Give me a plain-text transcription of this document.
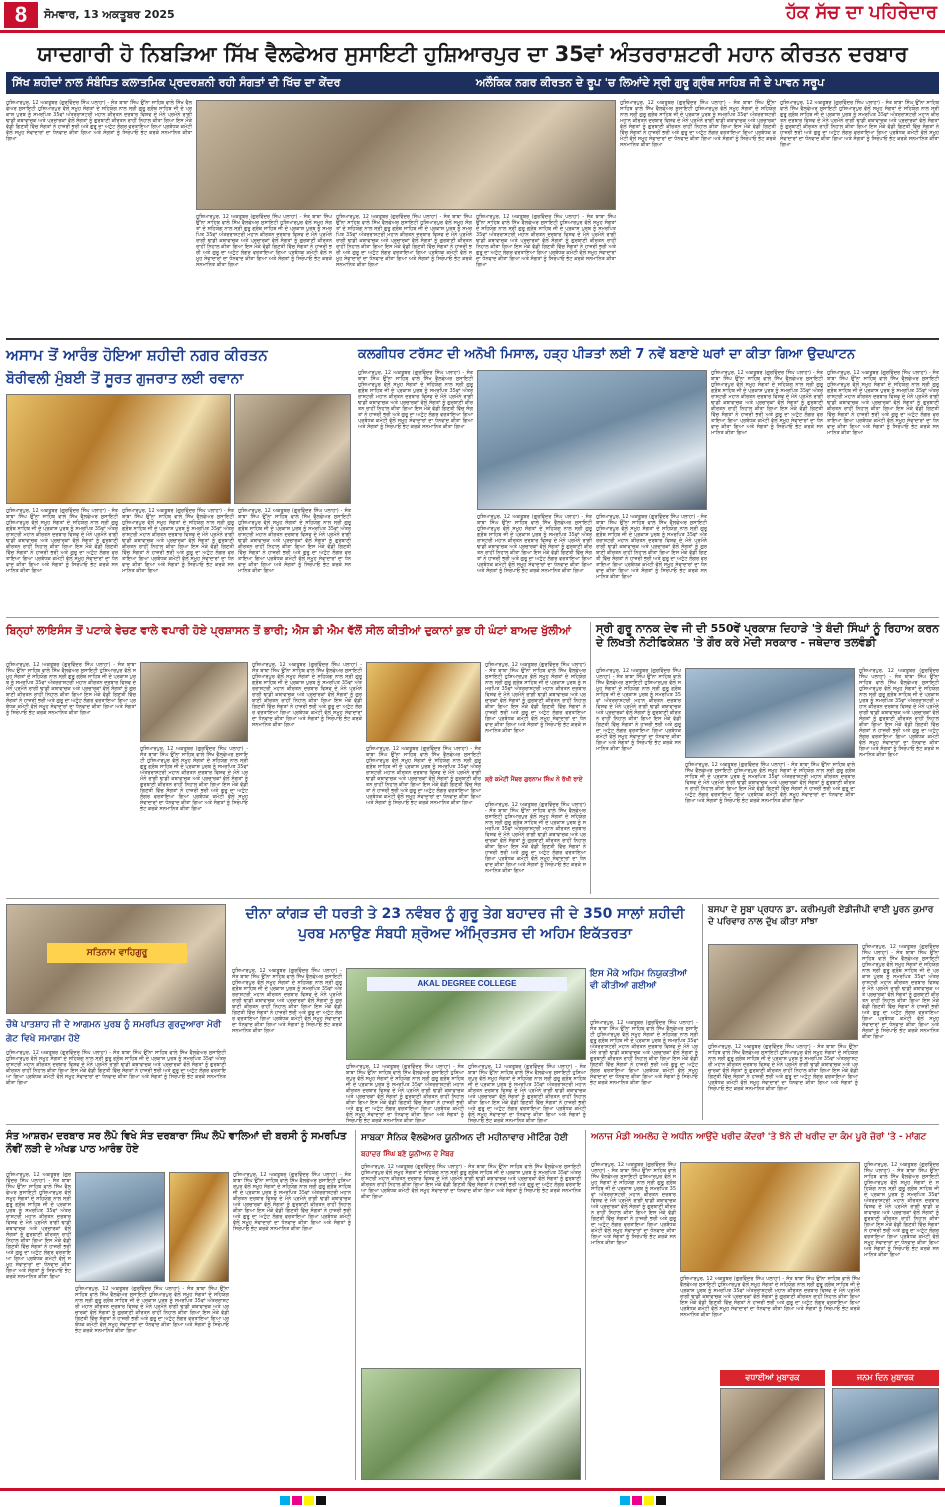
8	ਸੋਮਵਾਰ, 13 ਅਕਤੂਬਰ 2025	ਹੱਕ ਸੱਚ ਦਾ ਪਹਿਰੇਦਾਰ
ਯਾਦਗਾਰੀ ਹੋ ਨਿਬੜਿਆ ਸਿੱਖ ਵੈਲਫੇਅਰ ਸੁਸਾਇਟੀ ਹੁਸ਼ਿਆਰਪੁਰ ਦਾ 35ਵਾਂ ਅੰਤਰਰਾਸ਼ਟਰੀ ਮਹਾਨ ਕੀਰਤਨ ਦਰਬਾਰ
ਸਿੱਖ ਸ਼ਹੀਦਾਂ ਨਾਲ ਸੰਬੰਧਿਤ ਕਲਾਤਮਿਕ ਪ੍ਰਦਰਸ਼ਨੀ ਰਹੀ ਸੰਗਤਾਂ ਦੀ ਖਿੱਚ ਦਾ ਕੇਂਦਰ	ਅਲੌਕਿਕ ਨਗਰ ਕੀਰਤਨ ਦੇ ਰੂਪ 'ਚ ਲਿਆਂਦੇ ਸ੍ਰੀ ਗੁਰੂ ਗ੍ਰੰਥ ਸਾਹਿਬ ਜੀ ਦੇ ਪਾਵਨ ਸਰੂਪ
ਹੁਸ਼ਿਆਰਪੁਰ, 12 ਅਕਤੂਬਰ (ਗੁਰਵਿੰਦਰ ਸਿੰਘ ਪਲਾਹਾ) - ਸੰਤ ਬਾਬਾ ਸਿੰਘ ਉੱਨਾ ਸਾਹਿਬ ਵਾਲੇ ਸਿੱਖ ਵੈਲਫੇਅਰ ਸੁਸਾਇਟੀ ਹੁਸ਼ਿਆਰਪੁਰ ਵੱਲੋਂ ਸਮੂਹ ਸੰਗਤਾਂ ਦੇ ਸਹਿਯੋਗ ਨਾਲ ਸ੍ਰੀ ਗੁਰੂ ਗ੍ਰੰਥ ਸਾਹਿਬ ਜੀ ਦੇ ਪ੍ਰਕਾਸ਼ ਪੁਰਬ ਨੂੰ ਸਮਰਪਿਤ 35ਵਾਂ ਅੰਤਰਰਾਸ਼ਟਰੀ ਮਹਾਨ ਕੀਰਤਨ ਦਰਬਾਰ ਵਿਸ਼ਵ ਦੇ ਮੰਨੇ ਪ੍ਰਮੰਨੇ ਰਾਗੀ ਢਾਡੀ ਕਥਾਵਾਚਕ ਅਤੇ ਪ੍ਰਚਾਰਕਾਂ ਵੱਲੋਂ ਸੰਗਤਾਂ ਨੂੰ ਗੁਰਬਾਣੀ ਕੀਰਤਨ ਰਾਹੀਂ ਨਿਹਾਲ ਕੀਤਾ ਗਿਆ ਇਸ ਮੌਕੇ ਵੱਡੀ ਗਿਣਤੀ ਵਿੱਚ ਸੰਗਤਾਂ ਨੇ ਹਾਜ਼ਰੀ ਭਰੀ ਅਤੇ ਗੁਰੂ ਦਾ ਅਟੁੱਟ ਲੰਗਰ ਵਰਤਾਇਆ ਗਿਆ ਪ੍ਰਬੰਧਕ ਕਮੇਟੀ ਵੱਲੋਂ ਸਮੂਹ ਸੇਵਾਦਾਰਾਂ ਦਾ ਧੰਨਵਾਦ ਕੀਤਾ ਗਿਆ ਅਤੇ ਸੰਗਤਾਂ ਨੂੰ ਸਿਰੋਪਾਓ ਭੇਟ ਕਰਕੇ ਸਨਮਾਨਿਤ ਕੀਤਾ ਗਿਆ
ਹੁਸ਼ਿਆਰਪੁਰ, 12 ਅਕਤੂਬਰ (ਗੁਰਵਿੰਦਰ ਸਿੰਘ ਪਲਾਹਾ) - ਸੰਤ ਬਾਬਾ ਸਿੰਘ ਉੱਨਾ ਸਾਹਿਬ ਵਾਲੇ ਸਿੱਖ ਵੈਲਫੇਅਰ ਸੁਸਾਇਟੀ ਹੁਸ਼ਿਆਰਪੁਰ ਵੱਲੋਂ ਸਮੂਹ ਸੰਗਤਾਂ ਦੇ ਸਹਿਯੋਗ ਨਾਲ ਸ੍ਰੀ ਗੁਰੂ ਗ੍ਰੰਥ ਸਾਹਿਬ ਜੀ ਦੇ ਪ੍ਰਕਾਸ਼ ਪੁਰਬ ਨੂੰ ਸਮਰਪਿਤ 35ਵਾਂ ਅੰਤਰਰਾਸ਼ਟਰੀ ਮਹਾਨ ਕੀਰਤਨ ਦਰਬਾਰ ਵਿਸ਼ਵ ਦੇ ਮੰਨੇ ਪ੍ਰਮੰਨੇ ਰਾਗੀ ਢਾਡੀ ਕਥਾਵਾਚਕ ਅਤੇ ਪ੍ਰਚਾਰਕਾਂ ਵੱਲੋਂ ਸੰਗਤਾਂ ਨੂੰ ਗੁਰਬਾਣੀ ਕੀਰਤਨ ਰਾਹੀਂ ਨਿਹਾਲ ਕੀਤਾ ਗਿਆ ਇਸ ਮੌਕੇ ਵੱਡੀ ਗਿਣਤੀ ਵਿੱਚ ਸੰਗਤਾਂ ਨੇ ਹਾਜ਼ਰੀ ਭਰੀ ਅਤੇ ਗੁਰੂ ਦਾ ਅਟੁੱਟ ਲੰਗਰ ਵਰਤਾਇਆ ਗਿਆ ਪ੍ਰਬੰਧਕ ਕਮੇਟੀ ਵੱਲੋਂ ਸਮੂਹ ਸੇਵਾਦਾਰਾਂ ਦਾ ਧੰਨਵਾਦ ਕੀਤਾ ਗਿਆ ਅਤੇ ਸੰਗਤਾਂ ਨੂੰ ਸਿਰੋਪਾਓ ਭੇਟ ਕਰਕੇ ਸਨਮਾਨਿਤ ਕੀਤਾ ਗਿਆ
ਹੁਸ਼ਿਆਰਪੁਰ, 12 ਅਕਤੂਬਰ (ਗੁਰਵਿੰਦਰ ਸਿੰਘ ਪਲਾਹਾ) - ਸੰਤ ਬਾਬਾ ਸਿੰਘ ਉੱਨਾ ਸਾਹਿਬ ਵਾਲੇ ਸਿੱਖ ਵੈਲਫੇਅਰ ਸੁਸਾਇਟੀ ਹੁਸ਼ਿਆਰਪੁਰ ਵੱਲੋਂ ਸਮੂਹ ਸੰਗਤਾਂ ਦੇ ਸਹਿਯੋਗ ਨਾਲ ਸ੍ਰੀ ਗੁਰੂ ਗ੍ਰੰਥ ਸਾਹਿਬ ਜੀ ਦੇ ਪ੍ਰਕਾਸ਼ ਪੁਰਬ ਨੂੰ ਸਮਰਪਿਤ 35ਵਾਂ ਅੰਤਰਰਾਸ਼ਟਰੀ ਮਹਾਨ ਕੀਰਤਨ ਦਰਬਾਰ ਵਿਸ਼ਵ ਦੇ ਮੰਨੇ ਪ੍ਰਮੰਨੇ ਰਾਗੀ ਢਾਡੀ ਕਥਾਵਾਚਕ ਅਤੇ ਪ੍ਰਚਾਰਕਾਂ ਵੱਲੋਂ ਸੰਗਤਾਂ ਨੂੰ ਗੁਰਬਾਣੀ ਕੀਰਤਨ ਰਾਹੀਂ ਨਿਹਾਲ ਕੀਤਾ ਗਿਆ ਇਸ ਮੌਕੇ ਵੱਡੀ ਗਿਣਤੀ ਵਿੱਚ ਸੰਗਤਾਂ ਨੇ ਹਾਜ਼ਰੀ ਭਰੀ ਅਤੇ ਗੁਰੂ ਦਾ ਅਟੁੱਟ ਲੰਗਰ ਵਰਤਾਇਆ ਗਿਆ ਪ੍ਰਬੰਧਕ ਕਮੇਟੀ ਵੱਲੋਂ ਸਮੂਹ ਸੇਵਾਦਾਰਾਂ ਦਾ ਧੰਨਵਾਦ ਕੀਤਾ ਗਿਆ ਅਤੇ ਸੰਗਤਾਂ ਨੂੰ ਸਿਰੋਪਾਓ ਭੇਟ ਕਰਕੇ ਸਨਮਾਨਿਤ ਕੀਤਾ ਗਿਆ
ਹੁਸ਼ਿਆਰਪੁਰ, 12 ਅਕਤੂਬਰ (ਗੁਰਵਿੰਦਰ ਸਿੰਘ ਪਲਾਹਾ) - ਸੰਤ ਬਾਬਾ ਸਿੰਘ ਉੱਨਾ ਸਾਹਿਬ ਵਾਲੇ ਸਿੱਖ ਵੈਲਫੇਅਰ ਸੁਸਾਇਟੀ ਹੁਸ਼ਿਆਰਪੁਰ ਵੱਲੋਂ ਸਮੂਹ ਸੰਗਤਾਂ ਦੇ ਸਹਿਯੋਗ ਨਾਲ ਸ੍ਰੀ ਗੁਰੂ ਗ੍ਰੰਥ ਸਾਹਿਬ ਜੀ ਦੇ ਪ੍ਰਕਾਸ਼ ਪੁਰਬ ਨੂੰ ਸਮਰਪਿਤ 35ਵਾਂ ਅੰਤਰਰਾਸ਼ਟਰੀ ਮਹਾਨ ਕੀਰਤਨ ਦਰਬਾਰ ਵਿਸ਼ਵ ਦੇ ਮੰਨੇ ਪ੍ਰਮੰਨੇ ਰਾਗੀ ਢਾਡੀ ਕਥਾਵਾਚਕ ਅਤੇ ਪ੍ਰਚਾਰਕਾਂ ਵੱਲੋਂ ਸੰਗਤਾਂ ਨੂੰ ਗੁਰਬਾਣੀ ਕੀਰਤਨ ਰਾਹੀਂ ਨਿਹਾਲ ਕੀਤਾ ਗਿਆ ਇਸ ਮੌਕੇ ਵੱਡੀ ਗਿਣਤੀ ਵਿੱਚ ਸੰਗਤਾਂ ਨੇ ਹਾਜ਼ਰੀ ਭਰੀ ਅਤੇ ਗੁਰੂ ਦਾ ਅਟੁੱਟ ਲੰਗਰ ਵਰਤਾਇਆ ਗਿਆ ਪ੍ਰਬੰਧਕ ਕਮੇਟੀ ਵੱਲੋਂ ਸਮੂਹ ਸੇਵਾਦਾਰਾਂ ਦਾ ਧੰਨਵਾਦ ਕੀਤਾ ਗਿਆ ਅਤੇ ਸੰਗਤਾਂ ਨੂੰ ਸਿਰੋਪਾਓ ਭੇਟ ਕਰਕੇ ਸਨਮਾਨਿਤ ਕੀਤਾ ਗਿਆ
ਹੁਸ਼ਿਆਰਪੁਰ, 12 ਅਕਤੂਬਰ (ਗੁਰਵਿੰਦਰ ਸਿੰਘ ਪਲਾਹਾ) - ਸੰਤ ਬਾਬਾ ਸਿੰਘ ਉੱਨਾ ਸਾਹਿਬ ਵਾਲੇ ਸਿੱਖ ਵੈਲਫੇਅਰ ਸੁਸਾਇਟੀ ਹੁਸ਼ਿਆਰਪੁਰ ਵੱਲੋਂ ਸਮੂਹ ਸੰਗਤਾਂ ਦੇ ਸਹਿਯੋਗ ਨਾਲ ਸ੍ਰੀ ਗੁਰੂ ਗ੍ਰੰਥ ਸਾਹਿਬ ਜੀ ਦੇ ਪ੍ਰਕਾਸ਼ ਪੁਰਬ ਨੂੰ ਸਮਰਪਿਤ 35ਵਾਂ ਅੰਤਰਰਾਸ਼ਟਰੀ ਮਹਾਨ ਕੀਰਤਨ ਦਰਬਾਰ ਵਿਸ਼ਵ ਦੇ ਮੰਨੇ ਪ੍ਰਮੰਨੇ ਰਾਗੀ ਢਾਡੀ ਕਥਾਵਾਚਕ ਅਤੇ ਪ੍ਰਚਾਰਕਾਂ ਵੱਲੋਂ ਸੰਗਤਾਂ ਨੂੰ ਗੁਰਬਾਣੀ ਕੀਰਤਨ ਰਾਹੀਂ ਨਿਹਾਲ ਕੀਤਾ ਗਿਆ ਇਸ ਮੌਕੇ ਵੱਡੀ ਗਿਣਤੀ ਵਿੱਚ ਸੰਗਤਾਂ ਨੇ ਹਾਜ਼ਰੀ ਭਰੀ ਅਤੇ ਗੁਰੂ ਦਾ ਅਟੁੱਟ ਲੰਗਰ ਵਰਤਾਇਆ ਗਿਆ ਪ੍ਰਬੰਧਕ ਕਮੇਟੀ ਵੱਲੋਂ ਸਮੂਹ ਸੇਵਾਦਾਰਾਂ ਦਾ ਧੰਨਵਾਦ ਕੀਤਾ ਗਿਆ ਅਤੇ ਸੰਗਤਾਂ ਨੂੰ ਸਿਰੋਪਾਓ ਭੇਟ ਕਰਕੇ ਸਨਮਾਨਿਤ ਕੀਤਾ ਗਿਆ
ਹੁਸ਼ਿਆਰਪੁਰ, 12 ਅਕਤੂਬਰ (ਗੁਰਵਿੰਦਰ ਸਿੰਘ ਪਲਾਹਾ) - ਸੰਤ ਬਾਬਾ ਸਿੰਘ ਉੱਨਾ ਸਾਹਿਬ ਵਾਲੇ ਸਿੱਖ ਵੈਲਫੇਅਰ ਸੁਸਾਇਟੀ ਹੁਸ਼ਿਆਰਪੁਰ ਵੱਲੋਂ ਸਮੂਹ ਸੰਗਤਾਂ ਦੇ ਸਹਿਯੋਗ ਨਾਲ ਸ੍ਰੀ ਗੁਰੂ ਗ੍ਰੰਥ ਸਾਹਿਬ ਜੀ ਦੇ ਪ੍ਰਕਾਸ਼ ਪੁਰਬ ਨੂੰ ਸਮਰਪਿਤ 35ਵਾਂ ਅੰਤਰਰਾਸ਼ਟਰੀ ਮਹਾਨ ਕੀਰਤਨ ਦਰਬਾਰ ਵਿਸ਼ਵ ਦੇ ਮੰਨੇ ਪ੍ਰਮੰਨੇ ਰਾਗੀ ਢਾਡੀ ਕਥਾਵਾਚਕ ਅਤੇ ਪ੍ਰਚਾਰਕਾਂ ਵੱਲੋਂ ਸੰਗਤਾਂ ਨੂੰ ਗੁਰਬਾਣੀ ਕੀਰਤਨ ਰਾਹੀਂ ਨਿਹਾਲ ਕੀਤਾ ਗਿਆ ਇਸ ਮੌਕੇ ਵੱਡੀ ਗਿਣਤੀ ਵਿੱਚ ਸੰਗਤਾਂ ਨੇ ਹਾਜ਼ਰੀ ਭਰੀ ਅਤੇ ਗੁਰੂ ਦਾ ਅਟੁੱਟ ਲੰਗਰ ਵਰਤਾਇਆ ਗਿਆ ਪ੍ਰਬੰਧਕ ਕਮੇਟੀ ਵੱਲੋਂ ਸਮੂਹ ਸੇਵਾਦਾਰਾਂ ਦਾ ਧੰਨਵਾਦ ਕੀਤਾ ਗਿਆ ਅਤੇ ਸੰਗਤਾਂ ਨੂੰ ਸਿਰੋਪਾਓ ਭੇਟ ਕਰਕੇ ਸਨਮਾਨਿਤ ਕੀਤਾ ਗਿਆ
ਅਸਾਮ ਤੋਂ ਆਰੰਭ ਹੋਇਆ ਸ਼ਹੀਦੀ ਨਗਰ ਕੀਰਤਨ
ਬੋਰੀਵਲੀ ਮੁੰਬਈ ਤੋਂ ਸੂਰਤ ਗੁਜਰਾਤ ਲਈ ਰਵਾਨਾ
ਹੁਸ਼ਿਆਰਪੁਰ, 12 ਅਕਤੂਬਰ (ਗੁਰਵਿੰਦਰ ਸਿੰਘ ਪਲਾਹਾ) - ਸੰਤ ਬਾਬਾ ਸਿੰਘ ਉੱਨਾ ਸਾਹਿਬ ਵਾਲੇ ਸਿੱਖ ਵੈਲਫੇਅਰ ਸੁਸਾਇਟੀ ਹੁਸ਼ਿਆਰਪੁਰ ਵੱਲੋਂ ਸਮੂਹ ਸੰਗਤਾਂ ਦੇ ਸਹਿਯੋਗ ਨਾਲ ਸ੍ਰੀ ਗੁਰੂ ਗ੍ਰੰਥ ਸਾਹਿਬ ਜੀ ਦੇ ਪ੍ਰਕਾਸ਼ ਪੁਰਬ ਨੂੰ ਸਮਰਪਿਤ 35ਵਾਂ ਅੰਤਰਰਾਸ਼ਟਰੀ ਮਹਾਨ ਕੀਰਤਨ ਦਰਬਾਰ ਵਿਸ਼ਵ ਦੇ ਮੰਨੇ ਪ੍ਰਮੰਨੇ ਰਾਗੀ ਢਾਡੀ ਕਥਾਵਾਚਕ ਅਤੇ ਪ੍ਰਚਾਰਕਾਂ ਵੱਲੋਂ ਸੰਗਤਾਂ ਨੂੰ ਗੁਰਬਾਣੀ ਕੀਰਤਨ ਰਾਹੀਂ ਨਿਹਾਲ ਕੀਤਾ ਗਿਆ ਇਸ ਮੌਕੇ ਵੱਡੀ ਗਿਣਤੀ ਵਿੱਚ ਸੰਗਤਾਂ ਨੇ ਹਾਜ਼ਰੀ ਭਰੀ ਅਤੇ ਗੁਰੂ ਦਾ ਅਟੁੱਟ ਲੰਗਰ ਵਰਤਾਇਆ ਗਿਆ ਪ੍ਰਬੰਧਕ ਕਮੇਟੀ ਵੱਲੋਂ ਸਮੂਹ ਸੇਵਾਦਾਰਾਂ ਦਾ ਧੰਨਵਾਦ ਕੀਤਾ ਗਿਆ ਅਤੇ ਸੰਗਤਾਂ ਨੂੰ ਸਿਰੋਪਾਓ ਭੇਟ ਕਰਕੇ ਸਨਮਾਨਿਤ ਕੀਤਾ ਗਿਆ
ਹੁਸ਼ਿਆਰਪੁਰ, 12 ਅਕਤੂਬਰ (ਗੁਰਵਿੰਦਰ ਸਿੰਘ ਪਲਾਹਾ) - ਸੰਤ ਬਾਬਾ ਸਿੰਘ ਉੱਨਾ ਸਾਹਿਬ ਵਾਲੇ ਸਿੱਖ ਵੈਲਫੇਅਰ ਸੁਸਾਇਟੀ ਹੁਸ਼ਿਆਰਪੁਰ ਵੱਲੋਂ ਸਮੂਹ ਸੰਗਤਾਂ ਦੇ ਸਹਿਯੋਗ ਨਾਲ ਸ੍ਰੀ ਗੁਰੂ ਗ੍ਰੰਥ ਸਾਹਿਬ ਜੀ ਦੇ ਪ੍ਰਕਾਸ਼ ਪੁਰਬ ਨੂੰ ਸਮਰਪਿਤ 35ਵਾਂ ਅੰਤਰਰਾਸ਼ਟਰੀ ਮਹਾਨ ਕੀਰਤਨ ਦਰਬਾਰ ਵਿਸ਼ਵ ਦੇ ਮੰਨੇ ਪ੍ਰਮੰਨੇ ਰਾਗੀ ਢਾਡੀ ਕਥਾਵਾਚਕ ਅਤੇ ਪ੍ਰਚਾਰਕਾਂ ਵੱਲੋਂ ਸੰਗਤਾਂ ਨੂੰ ਗੁਰਬਾਣੀ ਕੀਰਤਨ ਰਾਹੀਂ ਨਿਹਾਲ ਕੀਤਾ ਗਿਆ ਇਸ ਮੌਕੇ ਵੱਡੀ ਗਿਣਤੀ ਵਿੱਚ ਸੰਗਤਾਂ ਨੇ ਹਾਜ਼ਰੀ ਭਰੀ ਅਤੇ ਗੁਰੂ ਦਾ ਅਟੁੱਟ ਲੰਗਰ ਵਰਤਾਇਆ ਗਿਆ ਪ੍ਰਬੰਧਕ ਕਮੇਟੀ ਵੱਲੋਂ ਸਮੂਹ ਸੇਵਾਦਾਰਾਂ ਦਾ ਧੰਨਵਾਦ ਕੀਤਾ ਗਿਆ ਅਤੇ ਸੰਗਤਾਂ ਨੂੰ ਸਿਰੋਪਾਓ ਭੇਟ ਕਰਕੇ ਸਨਮਾਨਿਤ ਕੀਤਾ ਗਿਆ
ਹੁਸ਼ਿਆਰਪੁਰ, 12 ਅਕਤੂਬਰ (ਗੁਰਵਿੰਦਰ ਸਿੰਘ ਪਲਾਹਾ) - ਸੰਤ ਬਾਬਾ ਸਿੰਘ ਉੱਨਾ ਸਾਹਿਬ ਵਾਲੇ ਸਿੱਖ ਵੈਲਫੇਅਰ ਸੁਸਾਇਟੀ ਹੁਸ਼ਿਆਰਪੁਰ ਵੱਲੋਂ ਸਮੂਹ ਸੰਗਤਾਂ ਦੇ ਸਹਿਯੋਗ ਨਾਲ ਸ੍ਰੀ ਗੁਰੂ ਗ੍ਰੰਥ ਸਾਹਿਬ ਜੀ ਦੇ ਪ੍ਰਕਾਸ਼ ਪੁਰਬ ਨੂੰ ਸਮਰਪਿਤ 35ਵਾਂ ਅੰਤਰਰਾਸ਼ਟਰੀ ਮਹਾਨ ਕੀਰਤਨ ਦਰਬਾਰ ਵਿਸ਼ਵ ਦੇ ਮੰਨੇ ਪ੍ਰਮੰਨੇ ਰਾਗੀ ਢਾਡੀ ਕਥਾਵਾਚਕ ਅਤੇ ਪ੍ਰਚਾਰਕਾਂ ਵੱਲੋਂ ਸੰਗਤਾਂ ਨੂੰ ਗੁਰਬਾਣੀ ਕੀਰਤਨ ਰਾਹੀਂ ਨਿਹਾਲ ਕੀਤਾ ਗਿਆ ਇਸ ਮੌਕੇ ਵੱਡੀ ਗਿਣਤੀ ਵਿੱਚ ਸੰਗਤਾਂ ਨੇ ਹਾਜ਼ਰੀ ਭਰੀ ਅਤੇ ਗੁਰੂ ਦਾ ਅਟੁੱਟ ਲੰਗਰ ਵਰਤਾਇਆ ਗਿਆ ਪ੍ਰਬੰਧਕ ਕਮੇਟੀ ਵੱਲੋਂ ਸਮੂਹ ਸੇਵਾਦਾਰਾਂ ਦਾ ਧੰਨਵਾਦ ਕੀਤਾ ਗਿਆ ਅਤੇ ਸੰਗਤਾਂ ਨੂੰ ਸਿਰੋਪਾਓ ਭੇਟ ਕਰਕੇ ਸਨਮਾਨਿਤ ਕੀਤਾ ਗਿਆ
ਕਲਗੀਧਰ ਟਰੱਸਟ ਦੀ ਅਨੋਖੀ ਮਿਸਾਲ, ਹੜ੍ਹ ਪੀੜਤਾਂ ਲਈ 7 ਨਵੇਂ ਬਣਾਏ ਘਰਾਂ ਦਾ ਕੀਤਾ ਗਿਆ ਉਦਘਾਟਨ
ਹੁਸ਼ਿਆਰਪੁਰ, 12 ਅਕਤੂਬਰ (ਗੁਰਵਿੰਦਰ ਸਿੰਘ ਪਲਾਹਾ) - ਸੰਤ ਬਾਬਾ ਸਿੰਘ ਉੱਨਾ ਸਾਹਿਬ ਵਾਲੇ ਸਿੱਖ ਵੈਲਫੇਅਰ ਸੁਸਾਇਟੀ ਹੁਸ਼ਿਆਰਪੁਰ ਵੱਲੋਂ ਸਮੂਹ ਸੰਗਤਾਂ ਦੇ ਸਹਿਯੋਗ ਨਾਲ ਸ੍ਰੀ ਗੁਰੂ ਗ੍ਰੰਥ ਸਾਹਿਬ ਜੀ ਦੇ ਪ੍ਰਕਾਸ਼ ਪੁਰਬ ਨੂੰ ਸਮਰਪਿਤ 35ਵਾਂ ਅੰਤਰਰਾਸ਼ਟਰੀ ਮਹਾਨ ਕੀਰਤਨ ਦਰਬਾਰ ਵਿਸ਼ਵ ਦੇ ਮੰਨੇ ਪ੍ਰਮੰਨੇ ਰਾਗੀ ਢਾਡੀ ਕਥਾਵਾਚਕ ਅਤੇ ਪ੍ਰਚਾਰਕਾਂ ਵੱਲੋਂ ਸੰਗਤਾਂ ਨੂੰ ਗੁਰਬਾਣੀ ਕੀਰਤਨ ਰਾਹੀਂ ਨਿਹਾਲ ਕੀਤਾ ਗਿਆ ਇਸ ਮੌਕੇ ਵੱਡੀ ਗਿਣਤੀ ਵਿੱਚ ਸੰਗਤਾਂ ਨੇ ਹਾਜ਼ਰੀ ਭਰੀ ਅਤੇ ਗੁਰੂ ਦਾ ਅਟੁੱਟ ਲੰਗਰ ਵਰਤਾਇਆ ਗਿਆ ਪ੍ਰਬੰਧਕ ਕਮੇਟੀ ਵੱਲੋਂ ਸਮੂਹ ਸੇਵਾਦਾਰਾਂ ਦਾ ਧੰਨਵਾਦ ਕੀਤਾ ਗਿਆ ਅਤੇ ਸੰਗਤਾਂ ਨੂੰ ਸਿਰੋਪਾਓ ਭੇਟ ਕਰਕੇ ਸਨਮਾਨਿਤ ਕੀਤਾ ਗਿਆ
ਹੁਸ਼ਿਆਰਪੁਰ, 12 ਅਕਤੂਬਰ (ਗੁਰਵਿੰਦਰ ਸਿੰਘ ਪਲਾਹਾ) - ਸੰਤ ਬਾਬਾ ਸਿੰਘ ਉੱਨਾ ਸਾਹਿਬ ਵਾਲੇ ਸਿੱਖ ਵੈਲਫੇਅਰ ਸੁਸਾਇਟੀ ਹੁਸ਼ਿਆਰਪੁਰ ਵੱਲੋਂ ਸਮੂਹ ਸੰਗਤਾਂ ਦੇ ਸਹਿਯੋਗ ਨਾਲ ਸ੍ਰੀ ਗੁਰੂ ਗ੍ਰੰਥ ਸਾਹਿਬ ਜੀ ਦੇ ਪ੍ਰਕਾਸ਼ ਪੁਰਬ ਨੂੰ ਸਮਰਪਿਤ 35ਵਾਂ ਅੰਤਰਰਾਸ਼ਟਰੀ ਮਹਾਨ ਕੀਰਤਨ ਦਰਬਾਰ ਵਿਸ਼ਵ ਦੇ ਮੰਨੇ ਪ੍ਰਮੰਨੇ ਰਾਗੀ ਢਾਡੀ ਕਥਾਵਾਚਕ ਅਤੇ ਪ੍ਰਚਾਰਕਾਂ ਵੱਲੋਂ ਸੰਗਤਾਂ ਨੂੰ ਗੁਰਬਾਣੀ ਕੀਰਤਨ ਰਾਹੀਂ ਨਿਹਾਲ ਕੀਤਾ ਗਿਆ ਇਸ ਮੌਕੇ ਵੱਡੀ ਗਿਣਤੀ ਵਿੱਚ ਸੰਗਤਾਂ ਨੇ ਹਾਜ਼ਰੀ ਭਰੀ ਅਤੇ ਗੁਰੂ ਦਾ ਅਟੁੱਟ ਲੰਗਰ ਵਰਤਾਇਆ ਗਿਆ ਪ੍ਰਬੰਧਕ ਕਮੇਟੀ ਵੱਲੋਂ ਸਮੂਹ ਸੇਵਾਦਾਰਾਂ ਦਾ ਧੰਨਵਾਦ ਕੀਤਾ ਗਿਆ ਅਤੇ ਸੰਗਤਾਂ ਨੂੰ ਸਿਰੋਪਾਓ ਭੇਟ ਕਰਕੇ ਸਨਮਾਨਿਤ ਕੀਤਾ ਗਿਆ
ਹੁਸ਼ਿਆਰਪੁਰ, 12 ਅਕਤੂਬਰ (ਗੁਰਵਿੰਦਰ ਸਿੰਘ ਪਲਾਹਾ) - ਸੰਤ ਬਾਬਾ ਸਿੰਘ ਉੱਨਾ ਸਾਹਿਬ ਵਾਲੇ ਸਿੱਖ ਵੈਲਫੇਅਰ ਸੁਸਾਇਟੀ ਹੁਸ਼ਿਆਰਪੁਰ ਵੱਲੋਂ ਸਮੂਹ ਸੰਗਤਾਂ ਦੇ ਸਹਿਯੋਗ ਨਾਲ ਸ੍ਰੀ ਗੁਰੂ ਗ੍ਰੰਥ ਸਾਹਿਬ ਜੀ ਦੇ ਪ੍ਰਕਾਸ਼ ਪੁਰਬ ਨੂੰ ਸਮਰਪਿਤ 35ਵਾਂ ਅੰਤਰਰਾਸ਼ਟਰੀ ਮਹਾਨ ਕੀਰਤਨ ਦਰਬਾਰ ਵਿਸ਼ਵ ਦੇ ਮੰਨੇ ਪ੍ਰਮੰਨੇ ਰਾਗੀ ਢਾਡੀ ਕਥਾਵਾਚਕ ਅਤੇ ਪ੍ਰਚਾਰਕਾਂ ਵੱਲੋਂ ਸੰਗਤਾਂ ਨੂੰ ਗੁਰਬਾਣੀ ਕੀਰਤਨ ਰਾਹੀਂ ਨਿਹਾਲ ਕੀਤਾ ਗਿਆ ਇਸ ਮੌਕੇ ਵੱਡੀ ਗਿਣਤੀ ਵਿੱਚ ਸੰਗਤਾਂ ਨੇ ਹਾਜ਼ਰੀ ਭਰੀ ਅਤੇ ਗੁਰੂ ਦਾ ਅਟੁੱਟ ਲੰਗਰ ਵਰਤਾਇਆ ਗਿਆ ਪ੍ਰਬੰਧਕ ਕਮੇਟੀ ਵੱਲੋਂ ਸਮੂਹ ਸੇਵਾਦਾਰਾਂ ਦਾ ਧੰਨਵਾਦ ਕੀਤਾ ਗਿਆ ਅਤੇ ਸੰਗਤਾਂ ਨੂੰ ਸਿਰੋਪਾਓ ਭੇਟ ਕਰਕੇ ਸਨਮਾਨਿਤ ਕੀਤਾ ਗਿਆ
ਹੁਸ਼ਿਆਰਪੁਰ, 12 ਅਕਤੂਬਰ (ਗੁਰਵਿੰਦਰ ਸਿੰਘ ਪਲਾਹਾ) - ਸੰਤ ਬਾਬਾ ਸਿੰਘ ਉੱਨਾ ਸਾਹਿਬ ਵਾਲੇ ਸਿੱਖ ਵੈਲਫੇਅਰ ਸੁਸਾਇਟੀ ਹੁਸ਼ਿਆਰਪੁਰ ਵੱਲੋਂ ਸਮੂਹ ਸੰਗਤਾਂ ਦੇ ਸਹਿਯੋਗ ਨਾਲ ਸ੍ਰੀ ਗੁਰੂ ਗ੍ਰੰਥ ਸਾਹਿਬ ਜੀ ਦੇ ਪ੍ਰਕਾਸ਼ ਪੁਰਬ ਨੂੰ ਸਮਰਪਿਤ 35ਵਾਂ ਅੰਤਰਰਾਸ਼ਟਰੀ ਮਹਾਨ ਕੀਰਤਨ ਦਰਬਾਰ ਵਿਸ਼ਵ ਦੇ ਮੰਨੇ ਪ੍ਰਮੰਨੇ ਰਾਗੀ ਢਾਡੀ ਕਥਾਵਾਚਕ ਅਤੇ ਪ੍ਰਚਾਰਕਾਂ ਵੱਲੋਂ ਸੰਗਤਾਂ ਨੂੰ ਗੁਰਬਾਣੀ ਕੀਰਤਨ ਰਾਹੀਂ ਨਿਹਾਲ ਕੀਤਾ ਗਿਆ ਇਸ ਮੌਕੇ ਵੱਡੀ ਗਿਣਤੀ ਵਿੱਚ ਸੰਗਤਾਂ ਨੇ ਹਾਜ਼ਰੀ ਭਰੀ ਅਤੇ ਗੁਰੂ ਦਾ ਅਟੁੱਟ ਲੰਗਰ ਵਰਤਾਇਆ ਗਿਆ ਪ੍ਰਬੰਧਕ ਕਮੇਟੀ ਵੱਲੋਂ ਸਮੂਹ ਸੇਵਾਦਾਰਾਂ ਦਾ ਧੰਨਵਾਦ ਕੀਤਾ ਗਿਆ ਅਤੇ ਸੰਗਤਾਂ ਨੂੰ ਸਿਰੋਪਾਓ ਭੇਟ ਕਰਕੇ ਸਨਮਾਨਿਤ ਕੀਤਾ ਗਿਆ
ਹੁਸ਼ਿਆਰਪੁਰ, 12 ਅਕਤੂਬਰ (ਗੁਰਵਿੰਦਰ ਸਿੰਘ ਪਲਾਹਾ) - ਸੰਤ ਬਾਬਾ ਸਿੰਘ ਉੱਨਾ ਸਾਹਿਬ ਵਾਲੇ ਸਿੱਖ ਵੈਲਫੇਅਰ ਸੁਸਾਇਟੀ ਹੁਸ਼ਿਆਰਪੁਰ ਵੱਲੋਂ ਸਮੂਹ ਸੰਗਤਾਂ ਦੇ ਸਹਿਯੋਗ ਨਾਲ ਸ੍ਰੀ ਗੁਰੂ ਗ੍ਰੰਥ ਸਾਹਿਬ ਜੀ ਦੇ ਪ੍ਰਕਾਸ਼ ਪੁਰਬ ਨੂੰ ਸਮਰਪਿਤ 35ਵਾਂ ਅੰਤਰਰਾਸ਼ਟਰੀ ਮਹਾਨ ਕੀਰਤਨ ਦਰਬਾਰ ਵਿਸ਼ਵ ਦੇ ਮੰਨੇ ਪ੍ਰਮੰਨੇ ਰਾਗੀ ਢਾਡੀ ਕਥਾਵਾਚਕ ਅਤੇ ਪ੍ਰਚਾਰਕਾਂ ਵੱਲੋਂ ਸੰਗਤਾਂ ਨੂੰ ਗੁਰਬਾਣੀ ਕੀਰਤਨ ਰਾਹੀਂ ਨਿਹਾਲ ਕੀਤਾ ਗਿਆ ਇਸ ਮੌਕੇ ਵੱਡੀ ਗਿਣਤੀ ਵਿੱਚ ਸੰਗਤਾਂ ਨੇ ਹਾਜ਼ਰੀ ਭਰੀ ਅਤੇ ਗੁਰੂ ਦਾ ਅਟੁੱਟ ਲੰਗਰ ਵਰਤਾਇਆ ਗਿਆ ਪ੍ਰਬੰਧਕ ਕਮੇਟੀ ਵੱਲੋਂ ਸਮੂਹ ਸੇਵਾਦਾਰਾਂ ਦਾ ਧੰਨਵਾਦ ਕੀਤਾ ਗਿਆ ਅਤੇ ਸੰਗਤਾਂ ਨੂੰ ਸਿਰੋਪਾਓ ਭੇਟ ਕਰਕੇ ਸਨਮਾਨਿਤ ਕੀਤਾ ਗਿਆ
ਬਿਨ੍ਹਾਂ ਲਾਇਸੰਸ ਤੋਂ ਪਟਾਕੇ ਵੇਚਣ ਵਾਲੇ ਵਪਾਰੀ ਹੋਏ ਪ੍ਰਸ਼ਾਸਨ ਤੋਂ ਭਾਰੀ; ਐਸ ਡੀ ਐਮ ਵੱਲੋਂ ਸੀਲ ਕੀਤੀਆਂ ਦੁਕਾਨਾਂ ਕੁਝ ਹੀ ਘੰਟਾਂ ਬਾਅਦ ਖੁੱਲੀਆਂ
ਹੁਸ਼ਿਆਰਪੁਰ, 12 ਅਕਤੂਬਰ (ਗੁਰਵਿੰਦਰ ਸਿੰਘ ਪਲਾਹਾ) - ਸੰਤ ਬਾਬਾ ਸਿੰਘ ਉੱਨਾ ਸਾਹਿਬ ਵਾਲੇ ਸਿੱਖ ਵੈਲਫੇਅਰ ਸੁਸਾਇਟੀ ਹੁਸ਼ਿਆਰਪੁਰ ਵੱਲੋਂ ਸਮੂਹ ਸੰਗਤਾਂ ਦੇ ਸਹਿਯੋਗ ਨਾਲ ਸ੍ਰੀ ਗੁਰੂ ਗ੍ਰੰਥ ਸਾਹਿਬ ਜੀ ਦੇ ਪ੍ਰਕਾਸ਼ ਪੁਰਬ ਨੂੰ ਸਮਰਪਿਤ 35ਵਾਂ ਅੰਤਰਰਾਸ਼ਟਰੀ ਮਹਾਨ ਕੀਰਤਨ ਦਰਬਾਰ ਵਿਸ਼ਵ ਦੇ ਮੰਨੇ ਪ੍ਰਮੰਨੇ ਰਾਗੀ ਢਾਡੀ ਕਥਾਵਾਚਕ ਅਤੇ ਪ੍ਰਚਾਰਕਾਂ ਵੱਲੋਂ ਸੰਗਤਾਂ ਨੂੰ ਗੁਰਬਾਣੀ ਕੀਰਤਨ ਰਾਹੀਂ ਨਿਹਾਲ ਕੀਤਾ ਗਿਆ ਇਸ ਮੌਕੇ ਵੱਡੀ ਗਿਣਤੀ ਵਿੱਚ ਸੰਗਤਾਂ ਨੇ ਹਾਜ਼ਰੀ ਭਰੀ ਅਤੇ ਗੁਰੂ ਦਾ ਅਟੁੱਟ ਲੰਗਰ ਵਰਤਾਇਆ ਗਿਆ ਪ੍ਰਬੰਧਕ ਕਮੇਟੀ ਵੱਲੋਂ ਸਮੂਹ ਸੇਵਾਦਾਰਾਂ ਦਾ ਧੰਨਵਾਦ ਕੀਤਾ ਗਿਆ ਅਤੇ ਸੰਗਤਾਂ ਨੂੰ ਸਿਰੋਪਾਓ ਭੇਟ ਕਰਕੇ ਸਨਮਾਨਿਤ ਕੀਤਾ ਗਿਆ
ਹੁਸ਼ਿਆਰਪੁਰ, 12 ਅਕਤੂਬਰ (ਗੁਰਵਿੰਦਰ ਸਿੰਘ ਪਲਾਹਾ) - ਸੰਤ ਬਾਬਾ ਸਿੰਘ ਉੱਨਾ ਸਾਹਿਬ ਵਾਲੇ ਸਿੱਖ ਵੈਲਫੇਅਰ ਸੁਸਾਇਟੀ ਹੁਸ਼ਿਆਰਪੁਰ ਵੱਲੋਂ ਸਮੂਹ ਸੰਗਤਾਂ ਦੇ ਸਹਿਯੋਗ ਨਾਲ ਸ੍ਰੀ ਗੁਰੂ ਗ੍ਰੰਥ ਸਾਹਿਬ ਜੀ ਦੇ ਪ੍ਰਕਾਸ਼ ਪੁਰਬ ਨੂੰ ਸਮਰਪਿਤ 35ਵਾਂ ਅੰਤਰਰਾਸ਼ਟਰੀ ਮਹਾਨ ਕੀਰਤਨ ਦਰਬਾਰ ਵਿਸ਼ਵ ਦੇ ਮੰਨੇ ਪ੍ਰਮੰਨੇ ਰਾਗੀ ਢਾਡੀ ਕਥਾਵਾਚਕ ਅਤੇ ਪ੍ਰਚਾਰਕਾਂ ਵੱਲੋਂ ਸੰਗਤਾਂ ਨੂੰ ਗੁਰਬਾਣੀ ਕੀਰਤਨ ਰਾਹੀਂ ਨਿਹਾਲ ਕੀਤਾ ਗਿਆ ਇਸ ਮੌਕੇ ਵੱਡੀ ਗਿਣਤੀ ਵਿੱਚ ਸੰਗਤਾਂ ਨੇ ਹਾਜ਼ਰੀ ਭਰੀ ਅਤੇ ਗੁਰੂ ਦਾ ਅਟੁੱਟ ਲੰਗਰ ਵਰਤਾਇਆ ਗਿਆ ਪ੍ਰਬੰਧਕ ਕਮੇਟੀ ਵੱਲੋਂ ਸਮੂਹ ਸੇਵਾਦਾਰਾਂ ਦਾ ਧੰਨਵਾਦ ਕੀਤਾ ਗਿਆ ਅਤੇ ਸੰਗਤਾਂ ਨੂੰ ਸਿਰੋਪਾਓ ਭੇਟ ਕਰਕੇ ਸਨਮਾਨਿਤ ਕੀਤਾ ਗਿਆ
ਹੁਸ਼ਿਆਰਪੁਰ, 12 ਅਕਤੂਬਰ (ਗੁਰਵਿੰਦਰ ਸਿੰਘ ਪਲਾਹਾ) - ਸੰਤ ਬਾਬਾ ਸਿੰਘ ਉੱਨਾ ਸਾਹਿਬ ਵਾਲੇ ਸਿੱਖ ਵੈਲਫੇਅਰ ਸੁਸਾਇਟੀ ਹੁਸ਼ਿਆਰਪੁਰ ਵੱਲੋਂ ਸਮੂਹ ਸੰਗਤਾਂ ਦੇ ਸਹਿਯੋਗ ਨਾਲ ਸ੍ਰੀ ਗੁਰੂ ਗ੍ਰੰਥ ਸਾਹਿਬ ਜੀ ਦੇ ਪ੍ਰਕਾਸ਼ ਪੁਰਬ ਨੂੰ ਸਮਰਪਿਤ 35ਵਾਂ ਅੰਤਰਰਾਸ਼ਟਰੀ ਮਹਾਨ ਕੀਰਤਨ ਦਰਬਾਰ ਵਿਸ਼ਵ ਦੇ ਮੰਨੇ ਪ੍ਰਮੰਨੇ ਰਾਗੀ ਢਾਡੀ ਕਥਾਵਾਚਕ ਅਤੇ ਪ੍ਰਚਾਰਕਾਂ ਵੱਲੋਂ ਸੰਗਤਾਂ ਨੂੰ ਗੁਰਬਾਣੀ ਕੀਰਤਨ ਰਾਹੀਂ ਨਿਹਾਲ ਕੀਤਾ ਗਿਆ ਇਸ ਮੌਕੇ ਵੱਡੀ ਗਿਣਤੀ ਵਿੱਚ ਸੰਗਤਾਂ ਨੇ ਹਾਜ਼ਰੀ ਭਰੀ ਅਤੇ ਗੁਰੂ ਦਾ ਅਟੁੱਟ ਲੰਗਰ ਵਰਤਾਇਆ ਗਿਆ ਪ੍ਰਬੰਧਕ ਕਮੇਟੀ ਵੱਲੋਂ ਸਮੂਹ ਸੇਵਾਦਾਰਾਂ ਦਾ ਧੰਨਵਾਦ ਕੀਤਾ ਗਿਆ ਅਤੇ ਸੰਗਤਾਂ ਨੂੰ ਸਿਰੋਪਾਓ ਭੇਟ ਕਰਕੇ ਸਨਮਾਨਿਤ ਕੀਤਾ ਗਿਆ
ਹੁਸ਼ਿਆਰਪੁਰ, 12 ਅਕਤੂਬਰ (ਗੁਰਵਿੰਦਰ ਸਿੰਘ ਪਲਾਹਾ) - ਸੰਤ ਬਾਬਾ ਸਿੰਘ ਉੱਨਾ ਸਾਹਿਬ ਵਾਲੇ ਸਿੱਖ ਵੈਲਫੇਅਰ ਸੁਸਾਇਟੀ ਹੁਸ਼ਿਆਰਪੁਰ ਵੱਲੋਂ ਸਮੂਹ ਸੰਗਤਾਂ ਦੇ ਸਹਿਯੋਗ ਨਾਲ ਸ੍ਰੀ ਗੁਰੂ ਗ੍ਰੰਥ ਸਾਹਿਬ ਜੀ ਦੇ ਪ੍ਰਕਾਸ਼ ਪੁਰਬ ਨੂੰ ਸਮਰਪਿਤ 35ਵਾਂ ਅੰਤਰਰਾਸ਼ਟਰੀ ਮਹਾਨ ਕੀਰਤਨ ਦਰਬਾਰ ਵਿਸ਼ਵ ਦੇ ਮੰਨੇ ਪ੍ਰਮੰਨੇ ਰਾਗੀ ਢਾਡੀ ਕਥਾਵਾਚਕ ਅਤੇ ਪ੍ਰਚਾਰਕਾਂ ਵੱਲੋਂ ਸੰਗਤਾਂ ਨੂੰ ਗੁਰਬਾਣੀ ਕੀਰਤਨ ਰਾਹੀਂ ਨਿਹਾਲ ਕੀਤਾ ਗਿਆ ਇਸ ਮੌਕੇ ਵੱਡੀ ਗਿਣਤੀ ਵਿੱਚ ਸੰਗਤਾਂ ਨੇ ਹਾਜ਼ਰੀ ਭਰੀ ਅਤੇ ਗੁਰੂ ਦਾ ਅਟੁੱਟ ਲੰਗਰ ਵਰਤਾਇਆ ਗਿਆ ਪ੍ਰਬੰਧਕ ਕਮੇਟੀ ਵੱਲੋਂ ਸਮੂਹ ਸੇਵਾਦਾਰਾਂ ਦਾ ਧੰਨਵਾਦ ਕੀਤਾ ਗਿਆ ਅਤੇ ਸੰਗਤਾਂ ਨੂੰ ਸਿਰੋਪਾਓ ਭੇਟ ਕਰਕੇ ਸਨਮਾਨਿਤ ਕੀਤਾ ਗਿਆ
ਹੁਸ਼ਿਆਰਪੁਰ, 12 ਅਕਤੂਬਰ (ਗੁਰਵਿੰਦਰ ਸਿੰਘ ਪਲਾਹਾ) - ਸੰਤ ਬਾਬਾ ਸਿੰਘ ਉੱਨਾ ਸਾਹਿਬ ਵਾਲੇ ਸਿੱਖ ਵੈਲਫੇਅਰ ਸੁਸਾਇਟੀ ਹੁਸ਼ਿਆਰਪੁਰ ਵੱਲੋਂ ਸਮੂਹ ਸੰਗਤਾਂ ਦੇ ਸਹਿਯੋਗ ਨਾਲ ਸ੍ਰੀ ਗੁਰੂ ਗ੍ਰੰਥ ਸਾਹਿਬ ਜੀ ਦੇ ਪ੍ਰਕਾਸ਼ ਪੁਰਬ ਨੂੰ ਸਮਰਪਿਤ 35ਵਾਂ ਅੰਤਰਰਾਸ਼ਟਰੀ ਮਹਾਨ ਕੀਰਤਨ ਦਰਬਾਰ ਵਿਸ਼ਵ ਦੇ ਮੰਨੇ ਪ੍ਰਮੰਨੇ ਰਾਗੀ ਢਾਡੀ ਕਥਾਵਾਚਕ ਅਤੇ ਪ੍ਰਚਾਰਕਾਂ ਵੱਲੋਂ ਸੰਗਤਾਂ ਨੂੰ ਗੁਰਬਾਣੀ ਕੀਰਤਨ ਰਾਹੀਂ ਨਿਹਾਲ ਕੀਤਾ ਗਿਆ ਇਸ ਮੌਕੇ ਵੱਡੀ ਗਿਣਤੀ ਵਿੱਚ ਸੰਗਤਾਂ ਨੇ ਹਾਜ਼ਰੀ ਭਰੀ ਅਤੇ ਗੁਰੂ ਦਾ ਅਟੁੱਟ ਲੰਗਰ ਵਰਤਾਇਆ ਗਿਆ ਪ੍ਰਬੰਧਕ ਕਮੇਟੀ ਵੱਲੋਂ ਸਮੂਹ ਸੇਵਾਦਾਰਾਂ ਦਾ ਧੰਨਵਾਦ ਕੀਤਾ ਗਿਆ ਅਤੇ ਸੰਗਤਾਂ ਨੂੰ ਸਿਰੋਪਾਓ ਭੇਟ ਕਰਕੇ ਸਨਮਾਨਿਤ ਕੀਤਾ ਗਿਆ
ਸ਼੍ਰੋ ਕਮੇਟੀ ਮੈਂਬਰ ਗੁਰਨਾਮ ਸਿੰਘ ਨੇ ਰੱਖੀ ਰਾਏ
ਹੁਸ਼ਿਆਰਪੁਰ, 12 ਅਕਤੂਬਰ (ਗੁਰਵਿੰਦਰ ਸਿੰਘ ਪਲਾਹਾ) - ਸੰਤ ਬਾਬਾ ਸਿੰਘ ਉੱਨਾ ਸਾਹਿਬ ਵਾਲੇ ਸਿੱਖ ਵੈਲਫੇਅਰ ਸੁਸਾਇਟੀ ਹੁਸ਼ਿਆਰਪੁਰ ਵੱਲੋਂ ਸਮੂਹ ਸੰਗਤਾਂ ਦੇ ਸਹਿਯੋਗ ਨਾਲ ਸ੍ਰੀ ਗੁਰੂ ਗ੍ਰੰਥ ਸਾਹਿਬ ਜੀ ਦੇ ਪ੍ਰਕਾਸ਼ ਪੁਰਬ ਨੂੰ ਸਮਰਪਿਤ 35ਵਾਂ ਅੰਤਰਰਾਸ਼ਟਰੀ ਮਹਾਨ ਕੀਰਤਨ ਦਰਬਾਰ ਵਿਸ਼ਵ ਦੇ ਮੰਨੇ ਪ੍ਰਮੰਨੇ ਰਾਗੀ ਢਾਡੀ ਕਥਾਵਾਚਕ ਅਤੇ ਪ੍ਰਚਾਰਕਾਂ ਵੱਲੋਂ ਸੰਗਤਾਂ ਨੂੰ ਗੁਰਬਾਣੀ ਕੀਰਤਨ ਰਾਹੀਂ ਨਿਹਾਲ ਕੀਤਾ ਗਿਆ ਇਸ ਮੌਕੇ ਵੱਡੀ ਗਿਣਤੀ ਵਿੱਚ ਸੰਗਤਾਂ ਨੇ ਹਾਜ਼ਰੀ ਭਰੀ ਅਤੇ ਗੁਰੂ ਦਾ ਅਟੁੱਟ ਲੰਗਰ ਵਰਤਾਇਆ ਗਿਆ ਪ੍ਰਬੰਧਕ ਕਮੇਟੀ ਵੱਲੋਂ ਸਮੂਹ ਸੇਵਾਦਾਰਾਂ ਦਾ ਧੰਨਵਾਦ ਕੀਤਾ ਗਿਆ ਅਤੇ ਸੰਗਤਾਂ ਨੂੰ ਸਿਰੋਪਾਓ ਭੇਟ ਕਰਕੇ ਸਨਮਾਨਿਤ ਕੀਤਾ ਗਿਆ
ਸ੍ਰੀ ਗੁਰੂ ਨਾਨਕ ਦੇਵ ਜੀ ਦੀ 550ਵੇਂ ਪ੍ਰਕਾਸ਼ ਦਿਹਾੜੇ 'ਤੇ ਬੰਦੀ ਸਿੰਘਾਂ ਨੂੰ ਰਿਹਾਅ ਕਰਨ ਦੇ ਲਿਖਤੀ ਨੋਟੀਫਿਕੇਸ਼ਨ 'ਤੇ ਗੌਰ ਕਰੇ ਮੋਦੀ ਸਰਕਾਰ - ਜਥੇਦਾਰ ਤਲਵੰਡੀ
ਹੁਸ਼ਿਆਰਪੁਰ, 12 ਅਕਤੂਬਰ (ਗੁਰਵਿੰਦਰ ਸਿੰਘ ਪਲਾਹਾ) - ਸੰਤ ਬਾਬਾ ਸਿੰਘ ਉੱਨਾ ਸਾਹਿਬ ਵਾਲੇ ਸਿੱਖ ਵੈਲਫੇਅਰ ਸੁਸਾਇਟੀ ਹੁਸ਼ਿਆਰਪੁਰ ਵੱਲੋਂ ਸਮੂਹ ਸੰਗਤਾਂ ਦੇ ਸਹਿਯੋਗ ਨਾਲ ਸ੍ਰੀ ਗੁਰੂ ਗ੍ਰੰਥ ਸਾਹਿਬ ਜੀ ਦੇ ਪ੍ਰਕਾਸ਼ ਪੁਰਬ ਨੂੰ ਸਮਰਪਿਤ 35ਵਾਂ ਅੰਤਰਰਾਸ਼ਟਰੀ ਮਹਾਨ ਕੀਰਤਨ ਦਰਬਾਰ ਵਿਸ਼ਵ ਦੇ ਮੰਨੇ ਪ੍ਰਮੰਨੇ ਰਾਗੀ ਢਾਡੀ ਕਥਾਵਾਚਕ ਅਤੇ ਪ੍ਰਚਾਰਕਾਂ ਵੱਲੋਂ ਸੰਗਤਾਂ ਨੂੰ ਗੁਰਬਾਣੀ ਕੀਰਤਨ ਰਾਹੀਂ ਨਿਹਾਲ ਕੀਤਾ ਗਿਆ ਇਸ ਮੌਕੇ ਵੱਡੀ ਗਿਣਤੀ ਵਿੱਚ ਸੰਗਤਾਂ ਨੇ ਹਾਜ਼ਰੀ ਭਰੀ ਅਤੇ ਗੁਰੂ ਦਾ ਅਟੁੱਟ ਲੰਗਰ ਵਰਤਾਇਆ ਗਿਆ ਪ੍ਰਬੰਧਕ ਕਮੇਟੀ ਵੱਲੋਂ ਸਮੂਹ ਸੇਵਾਦਾਰਾਂ ਦਾ ਧੰਨਵਾਦ ਕੀਤਾ ਗਿਆ ਅਤੇ ਸੰਗਤਾਂ ਨੂੰ ਸਿਰੋਪਾਓ ਭੇਟ ਕਰਕੇ ਸਨਮਾਨਿਤ ਕੀਤਾ ਗਿਆ
ਹੁਸ਼ਿਆਰਪੁਰ, 12 ਅਕਤੂਬਰ (ਗੁਰਵਿੰਦਰ ਸਿੰਘ ਪਲਾਹਾ) - ਸੰਤ ਬਾਬਾ ਸਿੰਘ ਉੱਨਾ ਸਾਹਿਬ ਵਾਲੇ ਸਿੱਖ ਵੈਲਫੇਅਰ ਸੁਸਾਇਟੀ ਹੁਸ਼ਿਆਰਪੁਰ ਵੱਲੋਂ ਸਮੂਹ ਸੰਗਤਾਂ ਦੇ ਸਹਿਯੋਗ ਨਾਲ ਸ੍ਰੀ ਗੁਰੂ ਗ੍ਰੰਥ ਸਾਹਿਬ ਜੀ ਦੇ ਪ੍ਰਕਾਸ਼ ਪੁਰਬ ਨੂੰ ਸਮਰਪਿਤ 35ਵਾਂ ਅੰਤਰਰਾਸ਼ਟਰੀ ਮਹਾਨ ਕੀਰਤਨ ਦਰਬਾਰ ਵਿਸ਼ਵ ਦੇ ਮੰਨੇ ਪ੍ਰਮੰਨੇ ਰਾਗੀ ਢਾਡੀ ਕਥਾਵਾਚਕ ਅਤੇ ਪ੍ਰਚਾਰਕਾਂ ਵੱਲੋਂ ਸੰਗਤਾਂ ਨੂੰ ਗੁਰਬਾਣੀ ਕੀਰਤਨ ਰਾਹੀਂ ਨਿਹਾਲ ਕੀਤਾ ਗਿਆ ਇਸ ਮੌਕੇ ਵੱਡੀ ਗਿਣਤੀ ਵਿੱਚ ਸੰਗਤਾਂ ਨੇ ਹਾਜ਼ਰੀ ਭਰੀ ਅਤੇ ਗੁਰੂ ਦਾ ਅਟੁੱਟ ਲੰਗਰ ਵਰਤਾਇਆ ਗਿਆ ਪ੍ਰਬੰਧਕ ਕਮੇਟੀ ਵੱਲੋਂ ਸਮੂਹ ਸੇਵਾਦਾਰਾਂ ਦਾ ਧੰਨਵਾਦ ਕੀਤਾ ਗਿਆ ਅਤੇ ਸੰਗਤਾਂ ਨੂੰ ਸਿਰੋਪਾਓ ਭੇਟ ਕਰਕੇ ਸਨਮਾਨਿਤ ਕੀਤਾ ਗਿਆ
ਹੁਸ਼ਿਆਰਪੁਰ, 12 ਅਕਤੂਬਰ (ਗੁਰਵਿੰਦਰ ਸਿੰਘ ਪਲਾਹਾ) - ਸੰਤ ਬਾਬਾ ਸਿੰਘ ਉੱਨਾ ਸਾਹਿਬ ਵਾਲੇ ਸਿੱਖ ਵੈਲਫੇਅਰ ਸੁਸਾਇਟੀ ਹੁਸ਼ਿਆਰਪੁਰ ਵੱਲੋਂ ਸਮੂਹ ਸੰਗਤਾਂ ਦੇ ਸਹਿਯੋਗ ਨਾਲ ਸ੍ਰੀ ਗੁਰੂ ਗ੍ਰੰਥ ਸਾਹਿਬ ਜੀ ਦੇ ਪ੍ਰਕਾਸ਼ ਪੁਰਬ ਨੂੰ ਸਮਰਪਿਤ 35ਵਾਂ ਅੰਤਰਰਾਸ਼ਟਰੀ ਮਹਾਨ ਕੀਰਤਨ ਦਰਬਾਰ ਵਿਸ਼ਵ ਦੇ ਮੰਨੇ ਪ੍ਰਮੰਨੇ ਰਾਗੀ ਢਾਡੀ ਕਥਾਵਾਚਕ ਅਤੇ ਪ੍ਰਚਾਰਕਾਂ ਵੱਲੋਂ ਸੰਗਤਾਂ ਨੂੰ ਗੁਰਬਾਣੀ ਕੀਰਤਨ ਰਾਹੀਂ ਨਿਹਾਲ ਕੀਤਾ ਗਿਆ ਇਸ ਮੌਕੇ ਵੱਡੀ ਗਿਣਤੀ ਵਿੱਚ ਸੰਗਤਾਂ ਨੇ ਹਾਜ਼ਰੀ ਭਰੀ ਅਤੇ ਗੁਰੂ ਦਾ ਅਟੁੱਟ ਲੰਗਰ ਵਰਤਾਇਆ ਗਿਆ ਪ੍ਰਬੰਧਕ ਕਮੇਟੀ ਵੱਲੋਂ ਸਮੂਹ ਸੇਵਾਦਾਰਾਂ ਦਾ ਧੰਨਵਾਦ ਕੀਤਾ ਗਿਆ ਅਤੇ ਸੰਗਤਾਂ ਨੂੰ ਸਿਰੋਪਾਓ ਭੇਟ ਕਰਕੇ ਸਨਮਾਨਿਤ ਕੀਤਾ ਗਿਆ
ਸਤਿਨਾਮ ਵਾਹਿਗੁਰੂ
ਚੌਥੇ ਪਾਤਸ਼ਾਹ ਜੀ ਦੇ ਆਗਮਨ ਪੁਰਬ ਨੂੰ ਸਮਰਪਿਤ ਗੁਰਦੁਆਰਾ ਮੋਰੀ ਗੇਟ ਵਿਖੇ ਸਮਾਗਮ ਹੋਏ
ਹੁਸ਼ਿਆਰਪੁਰ, 12 ਅਕਤੂਬਰ (ਗੁਰਵਿੰਦਰ ਸਿੰਘ ਪਲਾਹਾ) - ਸੰਤ ਬਾਬਾ ਸਿੰਘ ਉੱਨਾ ਸਾਹਿਬ ਵਾਲੇ ਸਿੱਖ ਵੈਲਫੇਅਰ ਸੁਸਾਇਟੀ ਹੁਸ਼ਿਆਰਪੁਰ ਵੱਲੋਂ ਸਮੂਹ ਸੰਗਤਾਂ ਦੇ ਸਹਿਯੋਗ ਨਾਲ ਸ੍ਰੀ ਗੁਰੂ ਗ੍ਰੰਥ ਸਾਹਿਬ ਜੀ ਦੇ ਪ੍ਰਕਾਸ਼ ਪੁਰਬ ਨੂੰ ਸਮਰਪਿਤ 35ਵਾਂ ਅੰਤਰਰਾਸ਼ਟਰੀ ਮਹਾਨ ਕੀਰਤਨ ਦਰਬਾਰ ਵਿਸ਼ਵ ਦੇ ਮੰਨੇ ਪ੍ਰਮੰਨੇ ਰਾਗੀ ਢਾਡੀ ਕਥਾਵਾਚਕ ਅਤੇ ਪ੍ਰਚਾਰਕਾਂ ਵੱਲੋਂ ਸੰਗਤਾਂ ਨੂੰ ਗੁਰਬਾਣੀ ਕੀਰਤਨ ਰਾਹੀਂ ਨਿਹਾਲ ਕੀਤਾ ਗਿਆ ਇਸ ਮੌਕੇ ਵੱਡੀ ਗਿਣਤੀ ਵਿੱਚ ਸੰਗਤਾਂ ਨੇ ਹਾਜ਼ਰੀ ਭਰੀ ਅਤੇ ਗੁਰੂ ਦਾ ਅਟੁੱਟ ਲੰਗਰ ਵਰਤਾਇਆ ਗਿਆ ਪ੍ਰਬੰਧਕ ਕਮੇਟੀ ਵੱਲੋਂ ਸਮੂਹ ਸੇਵਾਦਾਰਾਂ ਦਾ ਧੰਨਵਾਦ ਕੀਤਾ ਗਿਆ ਅਤੇ ਸੰਗਤਾਂ ਨੂੰ ਸਿਰੋਪਾਓ ਭੇਟ ਕਰਕੇ ਸਨਮਾਨਿਤ ਕੀਤਾ ਗਿਆ
ਦੀਨਾ ਕਾਂਗੜ ਦੀ ਧਰਤੀ ਤੇ 23 ਨਵੰਬਰ ਨੂੰ ਗੁਰੂ ਤੇਗ ਬਹਾਦਰ ਜੀ ਦੇ 350 ਸਾਲਾਂ ਸ਼ਹੀਦੀ ਪੁਰਬ ਮਨਾਉਣ ਸੰਬਧੀ ਸ਼੍ਰੋਅਦ ਅੰਮ੍ਰਿਤਸਰ ਦੀ ਅਹਿਮ ਇਕੱਤਰਤਾ
ਹੁਸ਼ਿਆਰਪੁਰ, 12 ਅਕਤੂਬਰ (ਗੁਰਵਿੰਦਰ ਸਿੰਘ ਪਲਾਹਾ) - ਸੰਤ ਬਾਬਾ ਸਿੰਘ ਉੱਨਾ ਸਾਹਿਬ ਵਾਲੇ ਸਿੱਖ ਵੈਲਫੇਅਰ ਸੁਸਾਇਟੀ ਹੁਸ਼ਿਆਰਪੁਰ ਵੱਲੋਂ ਸਮੂਹ ਸੰਗਤਾਂ ਦੇ ਸਹਿਯੋਗ ਨਾਲ ਸ੍ਰੀ ਗੁਰੂ ਗ੍ਰੰਥ ਸਾਹਿਬ ਜੀ ਦੇ ਪ੍ਰਕਾਸ਼ ਪੁਰਬ ਨੂੰ ਸਮਰਪਿਤ 35ਵਾਂ ਅੰਤਰਰਾਸ਼ਟਰੀ ਮਹਾਨ ਕੀਰਤਨ ਦਰਬਾਰ ਵਿਸ਼ਵ ਦੇ ਮੰਨੇ ਪ੍ਰਮੰਨੇ ਰਾਗੀ ਢਾਡੀ ਕਥਾਵਾਚਕ ਅਤੇ ਪ੍ਰਚਾਰਕਾਂ ਵੱਲੋਂ ਸੰਗਤਾਂ ਨੂੰ ਗੁਰਬਾਣੀ ਕੀਰਤਨ ਰਾਹੀਂ ਨਿਹਾਲ ਕੀਤਾ ਗਿਆ ਇਸ ਮੌਕੇ ਵੱਡੀ ਗਿਣਤੀ ਵਿੱਚ ਸੰਗਤਾਂ ਨੇ ਹਾਜ਼ਰੀ ਭਰੀ ਅਤੇ ਗੁਰੂ ਦਾ ਅਟੁੱਟ ਲੰਗਰ ਵਰਤਾਇਆ ਗਿਆ ਪ੍ਰਬੰਧਕ ਕਮੇਟੀ ਵੱਲੋਂ ਸਮੂਹ ਸੇਵਾਦਾਰਾਂ ਦਾ ਧੰਨਵਾਦ ਕੀਤਾ ਗਿਆ ਅਤੇ ਸੰਗਤਾਂ ਨੂੰ ਸਿਰੋਪਾਓ ਭੇਟ ਕਰਕੇ ਸਨਮਾਨਿਤ ਕੀਤਾ ਗਿਆ
AKAL DEGREE COLLEGE
ਹੁਸ਼ਿਆਰਪੁਰ, 12 ਅਕਤੂਬਰ (ਗੁਰਵਿੰਦਰ ਸਿੰਘ ਪਲਾਹਾ) - ਸੰਤ ਬਾਬਾ ਸਿੰਘ ਉੱਨਾ ਸਾਹਿਬ ਵਾਲੇ ਸਿੱਖ ਵੈਲਫੇਅਰ ਸੁਸਾਇਟੀ ਹੁਸ਼ਿਆਰਪੁਰ ਵੱਲੋਂ ਸਮੂਹ ਸੰਗਤਾਂ ਦੇ ਸਹਿਯੋਗ ਨਾਲ ਸ੍ਰੀ ਗੁਰੂ ਗ੍ਰੰਥ ਸਾਹਿਬ ਜੀ ਦੇ ਪ੍ਰਕਾਸ਼ ਪੁਰਬ ਨੂੰ ਸਮਰਪਿਤ 35ਵਾਂ ਅੰਤਰਰਾਸ਼ਟਰੀ ਮਹਾਨ ਕੀਰਤਨ ਦਰਬਾਰ ਵਿਸ਼ਵ ਦੇ ਮੰਨੇ ਪ੍ਰਮੰਨੇ ਰਾਗੀ ਢਾਡੀ ਕਥਾਵਾਚਕ ਅਤੇ ਪ੍ਰਚਾਰਕਾਂ ਵੱਲੋਂ ਸੰਗਤਾਂ ਨੂੰ ਗੁਰਬਾਣੀ ਕੀਰਤਨ ਰਾਹੀਂ ਨਿਹਾਲ ਕੀਤਾ ਗਿਆ ਇਸ ਮੌਕੇ ਵੱਡੀ ਗਿਣਤੀ ਵਿੱਚ ਸੰਗਤਾਂ ਨੇ ਹਾਜ਼ਰੀ ਭਰੀ ਅਤੇ ਗੁਰੂ ਦਾ ਅਟੁੱਟ ਲੰਗਰ ਵਰਤਾਇਆ ਗਿਆ ਪ੍ਰਬੰਧਕ ਕਮੇਟੀ ਵੱਲੋਂ ਸਮੂਹ ਸੇਵਾਦਾਰਾਂ ਦਾ ਧੰਨਵਾਦ ਕੀਤਾ ਗਿਆ ਅਤੇ ਸੰਗਤਾਂ ਨੂੰ ਸਿਰੋਪਾਓ ਭੇਟ ਕਰਕੇ ਸਨਮਾਨਿਤ ਕੀਤਾ ਗਿਆ
ਹੁਸ਼ਿਆਰਪੁਰ, 12 ਅਕਤੂਬਰ (ਗੁਰਵਿੰਦਰ ਸਿੰਘ ਪਲਾਹਾ) - ਸੰਤ ਬਾਬਾ ਸਿੰਘ ਉੱਨਾ ਸਾਹਿਬ ਵਾਲੇ ਸਿੱਖ ਵੈਲਫੇਅਰ ਸੁਸਾਇਟੀ ਹੁਸ਼ਿਆਰਪੁਰ ਵੱਲੋਂ ਸਮੂਹ ਸੰਗਤਾਂ ਦੇ ਸਹਿਯੋਗ ਨਾਲ ਸ੍ਰੀ ਗੁਰੂ ਗ੍ਰੰਥ ਸਾਹਿਬ ਜੀ ਦੇ ਪ੍ਰਕਾਸ਼ ਪੁਰਬ ਨੂੰ ਸਮਰਪਿਤ 35ਵਾਂ ਅੰਤਰਰਾਸ਼ਟਰੀ ਮਹਾਨ ਕੀਰਤਨ ਦਰਬਾਰ ਵਿਸ਼ਵ ਦੇ ਮੰਨੇ ਪ੍ਰਮੰਨੇ ਰਾਗੀ ਢਾਡੀ ਕਥਾਵਾਚਕ ਅਤੇ ਪ੍ਰਚਾਰਕਾਂ ਵੱਲੋਂ ਸੰਗਤਾਂ ਨੂੰ ਗੁਰਬਾਣੀ ਕੀਰਤਨ ਰਾਹੀਂ ਨਿਹਾਲ ਕੀਤਾ ਗਿਆ ਇਸ ਮੌਕੇ ਵੱਡੀ ਗਿਣਤੀ ਵਿੱਚ ਸੰਗਤਾਂ ਨੇ ਹਾਜ਼ਰੀ ਭਰੀ ਅਤੇ ਗੁਰੂ ਦਾ ਅਟੁੱਟ ਲੰਗਰ ਵਰਤਾਇਆ ਗਿਆ ਪ੍ਰਬੰਧਕ ਕਮੇਟੀ ਵੱਲੋਂ ਸਮੂਹ ਸੇਵਾਦਾਰਾਂ ਦਾ ਧੰਨਵਾਦ ਕੀਤਾ ਗਿਆ ਅਤੇ ਸੰਗਤਾਂ ਨੂੰ ਸਿਰੋਪਾਓ ਭੇਟ ਕਰਕੇ ਸਨਮਾਨਿਤ ਕੀਤਾ ਗਿਆ
ਇਸ ਮੌਕੇ ਅਹਿਮ ਨਿਯੁਕਤੀਆਂ ਵੀ ਕੀਤੀਆਂ ਗਈਆਂ
ਹੁਸ਼ਿਆਰਪੁਰ, 12 ਅਕਤੂਬਰ (ਗੁਰਵਿੰਦਰ ਸਿੰਘ ਪਲਾਹਾ) - ਸੰਤ ਬਾਬਾ ਸਿੰਘ ਉੱਨਾ ਸਾਹਿਬ ਵਾਲੇ ਸਿੱਖ ਵੈਲਫੇਅਰ ਸੁਸਾਇਟੀ ਹੁਸ਼ਿਆਰਪੁਰ ਵੱਲੋਂ ਸਮੂਹ ਸੰਗਤਾਂ ਦੇ ਸਹਿਯੋਗ ਨਾਲ ਸ੍ਰੀ ਗੁਰੂ ਗ੍ਰੰਥ ਸਾਹਿਬ ਜੀ ਦੇ ਪ੍ਰਕਾਸ਼ ਪੁਰਬ ਨੂੰ ਸਮਰਪਿਤ 35ਵਾਂ ਅੰਤਰਰਾਸ਼ਟਰੀ ਮਹਾਨ ਕੀਰਤਨ ਦਰਬਾਰ ਵਿਸ਼ਵ ਦੇ ਮੰਨੇ ਪ੍ਰਮੰਨੇ ਰਾਗੀ ਢਾਡੀ ਕਥਾਵਾਚਕ ਅਤੇ ਪ੍ਰਚਾਰਕਾਂ ਵੱਲੋਂ ਸੰਗਤਾਂ ਨੂੰ ਗੁਰਬਾਣੀ ਕੀਰਤਨ ਰਾਹੀਂ ਨਿਹਾਲ ਕੀਤਾ ਗਿਆ ਇਸ ਮੌਕੇ ਵੱਡੀ ਗਿਣਤੀ ਵਿੱਚ ਸੰਗਤਾਂ ਨੇ ਹਾਜ਼ਰੀ ਭਰੀ ਅਤੇ ਗੁਰੂ ਦਾ ਅਟੁੱਟ ਲੰਗਰ ਵਰਤਾਇਆ ਗਿਆ ਪ੍ਰਬੰਧਕ ਕਮੇਟੀ ਵੱਲੋਂ ਸਮੂਹ ਸੇਵਾਦਾਰਾਂ ਦਾ ਧੰਨਵਾਦ ਕੀਤਾ ਗਿਆ ਅਤੇ ਸੰਗਤਾਂ ਨੂੰ ਸਿਰੋਪਾਓ ਭੇਟ ਕਰਕੇ ਸਨਮਾਨਿਤ ਕੀਤਾ ਗਿਆ
ਬਸਪਾ ਦੇ ਸੂਬਾ ਪ੍ਰਧਾਨ ਡਾ. ਕਰੀਮਪੁਰੀ ਏਡੀਜੀਪੀ ਵਾਈ ਪੂਰਨ ਕੁਮਾਰ ਦੇ ਪਰਿਵਾਰ ਨਾਲ ਦੁੱਖ ਕੀਤਾ ਸਾਂਝਾ
ਹੁਸ਼ਿਆਰਪੁਰ, 12 ਅਕਤੂਬਰ (ਗੁਰਵਿੰਦਰ ਸਿੰਘ ਪਲਾਹਾ) - ਸੰਤ ਬਾਬਾ ਸਿੰਘ ਉੱਨਾ ਸਾਹਿਬ ਵਾਲੇ ਸਿੱਖ ਵੈਲਫੇਅਰ ਸੁਸਾਇਟੀ ਹੁਸ਼ਿਆਰਪੁਰ ਵੱਲੋਂ ਸਮੂਹ ਸੰਗਤਾਂ ਦੇ ਸਹਿਯੋਗ ਨਾਲ ਸ੍ਰੀ ਗੁਰੂ ਗ੍ਰੰਥ ਸਾਹਿਬ ਜੀ ਦੇ ਪ੍ਰਕਾਸ਼ ਪੁਰਬ ਨੂੰ ਸਮਰਪਿਤ 35ਵਾਂ ਅੰਤਰਰਾਸ਼ਟਰੀ ਮਹਾਨ ਕੀਰਤਨ ਦਰਬਾਰ ਵਿਸ਼ਵ ਦੇ ਮੰਨੇ ਪ੍ਰਮੰਨੇ ਰਾਗੀ ਢਾਡੀ ਕਥਾਵਾਚਕ ਅਤੇ ਪ੍ਰਚਾਰਕਾਂ ਵੱਲੋਂ ਸੰਗਤਾਂ ਨੂੰ ਗੁਰਬਾਣੀ ਕੀਰਤਨ ਰਾਹੀਂ ਨਿਹਾਲ ਕੀਤਾ ਗਿਆ ਇਸ ਮੌਕੇ ਵੱਡੀ ਗਿਣਤੀ ਵਿੱਚ ਸੰਗਤਾਂ ਨੇ ਹਾਜ਼ਰੀ ਭਰੀ ਅਤੇ ਗੁਰੂ ਦਾ ਅਟੁੱਟ ਲੰਗਰ ਵਰਤਾਇਆ ਗਿਆ ਪ੍ਰਬੰਧਕ ਕਮੇਟੀ ਵੱਲੋਂ ਸਮੂਹ ਸੇਵਾਦਾਰਾਂ ਦਾ ਧੰਨਵਾਦ ਕੀਤਾ ਗਿਆ ਅਤੇ ਸੰਗਤਾਂ ਨੂੰ ਸਿਰੋਪਾਓ ਭੇਟ ਕਰਕੇ ਸਨਮਾਨਿਤ ਕੀਤਾ ਗਿਆ
ਹੁਸ਼ਿਆਰਪੁਰ, 12 ਅਕਤੂਬਰ (ਗੁਰਵਿੰਦਰ ਸਿੰਘ ਪਲਾਹਾ) - ਸੰਤ ਬਾਬਾ ਸਿੰਘ ਉੱਨਾ ਸਾਹਿਬ ਵਾਲੇ ਸਿੱਖ ਵੈਲਫੇਅਰ ਸੁਸਾਇਟੀ ਹੁਸ਼ਿਆਰਪੁਰ ਵੱਲੋਂ ਸਮੂਹ ਸੰਗਤਾਂ ਦੇ ਸਹਿਯੋਗ ਨਾਲ ਸ੍ਰੀ ਗੁਰੂ ਗ੍ਰੰਥ ਸਾਹਿਬ ਜੀ ਦੇ ਪ੍ਰਕਾਸ਼ ਪੁਰਬ ਨੂੰ ਸਮਰਪਿਤ 35ਵਾਂ ਅੰਤਰਰਾਸ਼ਟਰੀ ਮਹਾਨ ਕੀਰਤਨ ਦਰਬਾਰ ਵਿਸ਼ਵ ਦੇ ਮੰਨੇ ਪ੍ਰਮੰਨੇ ਰਾਗੀ ਢਾਡੀ ਕਥਾਵਾਚਕ ਅਤੇ ਪ੍ਰਚਾਰਕਾਂ ਵੱਲੋਂ ਸੰਗਤਾਂ ਨੂੰ ਗੁਰਬਾਣੀ ਕੀਰਤਨ ਰਾਹੀਂ ਨਿਹਾਲ ਕੀਤਾ ਗਿਆ ਇਸ ਮੌਕੇ ਵੱਡੀ ਗਿਣਤੀ ਵਿੱਚ ਸੰਗਤਾਂ ਨੇ ਹਾਜ਼ਰੀ ਭਰੀ ਅਤੇ ਗੁਰੂ ਦਾ ਅਟੁੱਟ ਲੰਗਰ ਵਰਤਾਇਆ ਗਿਆ ਪ੍ਰਬੰਧਕ ਕਮੇਟੀ ਵੱਲੋਂ ਸਮੂਹ ਸੇਵਾਦਾਰਾਂ ਦਾ ਧੰਨਵਾਦ ਕੀਤਾ ਗਿਆ ਅਤੇ ਸੰਗਤਾਂ ਨੂੰ ਸਿਰੋਪਾਓ ਭੇਟ ਕਰਕੇ ਸਨਮਾਨਿਤ ਕੀਤਾ ਗਿਆ
ਸੰਤ ਆਸ਼ਰਮ ਦਰਬਾਰ ਸਰ ਲੋਪੋ ਵਿਖੇ ਸੰਤ ਦਰਬਾਰਾ ਸਿੰਘ ਲੋਪੋ ਵਾਲਿਆਂ ਦੀ ਬਰਸੀ ਨੂੰ ਸਮਰਪਿਤ ਨੌਵੀਂ ਲੜੀ ਦੇ ਅੰਖਡ ਪਾਠ ਆਰੰਭ ਹੋਏ
ਹੁਸ਼ਿਆਰਪੁਰ, 12 ਅਕਤੂਬਰ (ਗੁਰਵਿੰਦਰ ਸਿੰਘ ਪਲਾਹਾ) - ਸੰਤ ਬਾਬਾ ਸਿੰਘ ਉੱਨਾ ਸਾਹਿਬ ਵਾਲੇ ਸਿੱਖ ਵੈਲਫੇਅਰ ਸੁਸਾਇਟੀ ਹੁਸ਼ਿਆਰਪੁਰ ਵੱਲੋਂ ਸਮੂਹ ਸੰਗਤਾਂ ਦੇ ਸਹਿਯੋਗ ਨਾਲ ਸ੍ਰੀ ਗੁਰੂ ਗ੍ਰੰਥ ਸਾਹਿਬ ਜੀ ਦੇ ਪ੍ਰਕਾਸ਼ ਪੁਰਬ ਨੂੰ ਸਮਰਪਿਤ 35ਵਾਂ ਅੰਤਰਰਾਸ਼ਟਰੀ ਮਹਾਨ ਕੀਰਤਨ ਦਰਬਾਰ ਵਿਸ਼ਵ ਦੇ ਮੰਨੇ ਪ੍ਰਮੰਨੇ ਰਾਗੀ ਢਾਡੀ ਕਥਾਵਾਚਕ ਅਤੇ ਪ੍ਰਚਾਰਕਾਂ ਵੱਲੋਂ ਸੰਗਤਾਂ ਨੂੰ ਗੁਰਬਾਣੀ ਕੀਰਤਨ ਰਾਹੀਂ ਨਿਹਾਲ ਕੀਤਾ ਗਿਆ ਇਸ ਮੌਕੇ ਵੱਡੀ ਗਿਣਤੀ ਵਿੱਚ ਸੰਗਤਾਂ ਨੇ ਹਾਜ਼ਰੀ ਭਰੀ ਅਤੇ ਗੁਰੂ ਦਾ ਅਟੁੱਟ ਲੰਗਰ ਵਰਤਾਇਆ ਗਿਆ ਪ੍ਰਬੰਧਕ ਕਮੇਟੀ ਵੱਲੋਂ ਸਮੂਹ ਸੇਵਾਦਾਰਾਂ ਦਾ ਧੰਨਵਾਦ ਕੀਤਾ ਗਿਆ ਅਤੇ ਸੰਗਤਾਂ ਨੂੰ ਸਿਰੋਪਾਓ ਭੇਟ ਕਰਕੇ ਸਨਮਾਨਿਤ ਕੀਤਾ ਗਿਆ
ਹੁਸ਼ਿਆਰਪੁਰ, 12 ਅਕਤੂਬਰ (ਗੁਰਵਿੰਦਰ ਸਿੰਘ ਪਲਾਹਾ) - ਸੰਤ ਬਾਬਾ ਸਿੰਘ ਉੱਨਾ ਸਾਹਿਬ ਵਾਲੇ ਸਿੱਖ ਵੈਲਫੇਅਰ ਸੁਸਾਇਟੀ ਹੁਸ਼ਿਆਰਪੁਰ ਵੱਲੋਂ ਸਮੂਹ ਸੰਗਤਾਂ ਦੇ ਸਹਿਯੋਗ ਨਾਲ ਸ੍ਰੀ ਗੁਰੂ ਗ੍ਰੰਥ ਸਾਹਿਬ ਜੀ ਦੇ ਪ੍ਰਕਾਸ਼ ਪੁਰਬ ਨੂੰ ਸਮਰਪਿਤ 35ਵਾਂ ਅੰਤਰਰਾਸ਼ਟਰੀ ਮਹਾਨ ਕੀਰਤਨ ਦਰਬਾਰ ਵਿਸ਼ਵ ਦੇ ਮੰਨੇ ਪ੍ਰਮੰਨੇ ਰਾਗੀ ਢਾਡੀ ਕਥਾਵਾਚਕ ਅਤੇ ਪ੍ਰਚਾਰਕਾਂ ਵੱਲੋਂ ਸੰਗਤਾਂ ਨੂੰ ਗੁਰਬਾਣੀ ਕੀਰਤਨ ਰਾਹੀਂ ਨਿਹਾਲ ਕੀਤਾ ਗਿਆ ਇਸ ਮੌਕੇ ਵੱਡੀ ਗਿਣਤੀ ਵਿੱਚ ਸੰਗਤਾਂ ਨੇ ਹਾਜ਼ਰੀ ਭਰੀ ਅਤੇ ਗੁਰੂ ਦਾ ਅਟੁੱਟ ਲੰਗਰ ਵਰਤਾਇਆ ਗਿਆ ਪ੍ਰਬੰਧਕ ਕਮੇਟੀ ਵੱਲੋਂ ਸਮੂਹ ਸੇਵਾਦਾਰਾਂ ਦਾ ਧੰਨਵਾਦ ਕੀਤਾ ਗਿਆ ਅਤੇ ਸੰਗਤਾਂ ਨੂੰ ਸਿਰੋਪਾਓ ਭੇਟ ਕਰਕੇ ਸਨਮਾਨਿਤ ਕੀਤਾ ਗਿਆ
ਹੁਸ਼ਿਆਰਪੁਰ, 12 ਅਕਤੂਬਰ (ਗੁਰਵਿੰਦਰ ਸਿੰਘ ਪਲਾਹਾ) - ਸੰਤ ਬਾਬਾ ਸਿੰਘ ਉੱਨਾ ਸਾਹਿਬ ਵਾਲੇ ਸਿੱਖ ਵੈਲਫੇਅਰ ਸੁਸਾਇਟੀ ਹੁਸ਼ਿਆਰਪੁਰ ਵੱਲੋਂ ਸਮੂਹ ਸੰਗਤਾਂ ਦੇ ਸਹਿਯੋਗ ਨਾਲ ਸ੍ਰੀ ਗੁਰੂ ਗ੍ਰੰਥ ਸਾਹਿਬ ਜੀ ਦੇ ਪ੍ਰਕਾਸ਼ ਪੁਰਬ ਨੂੰ ਸਮਰਪਿਤ 35ਵਾਂ ਅੰਤਰਰਾਸ਼ਟਰੀ ਮਹਾਨ ਕੀਰਤਨ ਦਰਬਾਰ ਵਿਸ਼ਵ ਦੇ ਮੰਨੇ ਪ੍ਰਮੰਨੇ ਰਾਗੀ ਢਾਡੀ ਕਥਾਵਾਚਕ ਅਤੇ ਪ੍ਰਚਾਰਕਾਂ ਵੱਲੋਂ ਸੰਗਤਾਂ ਨੂੰ ਗੁਰਬਾਣੀ ਕੀਰਤਨ ਰਾਹੀਂ ਨਿਹਾਲ ਕੀਤਾ ਗਿਆ ਇਸ ਮੌਕੇ ਵੱਡੀ ਗਿਣਤੀ ਵਿੱਚ ਸੰਗਤਾਂ ਨੇ ਹਾਜ਼ਰੀ ਭਰੀ ਅਤੇ ਗੁਰੂ ਦਾ ਅਟੁੱਟ ਲੰਗਰ ਵਰਤਾਇਆ ਗਿਆ ਪ੍ਰਬੰਧਕ ਕਮੇਟੀ ਵੱਲੋਂ ਸਮੂਹ ਸੇਵਾਦਾਰਾਂ ਦਾ ਧੰਨਵਾਦ ਕੀਤਾ ਗਿਆ ਅਤੇ ਸੰਗਤਾਂ ਨੂੰ ਸਿਰੋਪਾਓ ਭੇਟ ਕਰਕੇ ਸਨਮਾਨਿਤ ਕੀਤਾ ਗਿਆ
ਸਾਬਕਾ ਸੈਨਿਕ ਵੈਲਫੇਅਰ ਯੂਨੀਅਨ ਦੀ ਮਹੀਨਾਵਾਰ ਮੀਟਿੰਗ ਹੋਈ
ਬਹਾਦਰ ਸਿੰਘ ਬਣੇ ਯੂਨੀਅਨ ਦੇ ਮੈਂਬਰ
ਹੁਸ਼ਿਆਰਪੁਰ, 12 ਅਕਤੂਬਰ (ਗੁਰਵਿੰਦਰ ਸਿੰਘ ਪਲਾਹਾ) - ਸੰਤ ਬਾਬਾ ਸਿੰਘ ਉੱਨਾ ਸਾਹਿਬ ਵਾਲੇ ਸਿੱਖ ਵੈਲਫੇਅਰ ਸੁਸਾਇਟੀ ਹੁਸ਼ਿਆਰਪੁਰ ਵੱਲੋਂ ਸਮੂਹ ਸੰਗਤਾਂ ਦੇ ਸਹਿਯੋਗ ਨਾਲ ਸ੍ਰੀ ਗੁਰੂ ਗ੍ਰੰਥ ਸਾਹਿਬ ਜੀ ਦੇ ਪ੍ਰਕਾਸ਼ ਪੁਰਬ ਨੂੰ ਸਮਰਪਿਤ 35ਵਾਂ ਅੰਤਰਰਾਸ਼ਟਰੀ ਮਹਾਨ ਕੀਰਤਨ ਦਰਬਾਰ ਵਿਸ਼ਵ ਦੇ ਮੰਨੇ ਪ੍ਰਮੰਨੇ ਰਾਗੀ ਢਾਡੀ ਕਥਾਵਾਚਕ ਅਤੇ ਪ੍ਰਚਾਰਕਾਂ ਵੱਲੋਂ ਸੰਗਤਾਂ ਨੂੰ ਗੁਰਬਾਣੀ ਕੀਰਤਨ ਰਾਹੀਂ ਨਿਹਾਲ ਕੀਤਾ ਗਿਆ ਇਸ ਮੌਕੇ ਵੱਡੀ ਗਿਣਤੀ ਵਿੱਚ ਸੰਗਤਾਂ ਨੇ ਹਾਜ਼ਰੀ ਭਰੀ ਅਤੇ ਗੁਰੂ ਦਾ ਅਟੁੱਟ ਲੰਗਰ ਵਰਤਾਇਆ ਗਿਆ ਪ੍ਰਬੰਧਕ ਕਮੇਟੀ ਵੱਲੋਂ ਸਮੂਹ ਸੇਵਾਦਾਰਾਂ ਦਾ ਧੰਨਵਾਦ ਕੀਤਾ ਗਿਆ ਅਤੇ ਸੰਗਤਾਂ ਨੂੰ ਸਿਰੋਪਾਓ ਭੇਟ ਕਰਕੇ ਸਨਮਾਨਿਤ ਕੀਤਾ ਗਿਆ
ਅਨਾਜ ਮੰਡੀ ਅਮਲੋਹ ਦੇ ਅਧੀਨ ਆਉਂਦੇ ਖਰੀਦ ਕੇਂਦਰਾਂ 'ਤੇ ਝੋਨੇ ਦੀ ਖਰੀਦ ਦਾ ਕੰਮ ਪੂਰੇ ਜ਼ੋਰਾਂ 'ਤੇ - ਮਾਂਗਟ
ਹੁਸ਼ਿਆਰਪੁਰ, 12 ਅਕਤੂਬਰ (ਗੁਰਵਿੰਦਰ ਸਿੰਘ ਪਲਾਹਾ) - ਸੰਤ ਬਾਬਾ ਸਿੰਘ ਉੱਨਾ ਸਾਹਿਬ ਵਾਲੇ ਸਿੱਖ ਵੈਲਫੇਅਰ ਸੁਸਾਇਟੀ ਹੁਸ਼ਿਆਰਪੁਰ ਵੱਲੋਂ ਸਮੂਹ ਸੰਗਤਾਂ ਦੇ ਸਹਿਯੋਗ ਨਾਲ ਸ੍ਰੀ ਗੁਰੂ ਗ੍ਰੰਥ ਸਾਹਿਬ ਜੀ ਦੇ ਪ੍ਰਕਾਸ਼ ਪੁਰਬ ਨੂੰ ਸਮਰਪਿਤ 35ਵਾਂ ਅੰਤਰਰਾਸ਼ਟਰੀ ਮਹਾਨ ਕੀਰਤਨ ਦਰਬਾਰ ਵਿਸ਼ਵ ਦੇ ਮੰਨੇ ਪ੍ਰਮੰਨੇ ਰਾਗੀ ਢਾਡੀ ਕਥਾਵਾਚਕ ਅਤੇ ਪ੍ਰਚਾਰਕਾਂ ਵੱਲੋਂ ਸੰਗਤਾਂ ਨੂੰ ਗੁਰਬਾਣੀ ਕੀਰਤਨ ਰਾਹੀਂ ਨਿਹਾਲ ਕੀਤਾ ਗਿਆ ਇਸ ਮੌਕੇ ਵੱਡੀ ਗਿਣਤੀ ਵਿੱਚ ਸੰਗਤਾਂ ਨੇ ਹਾਜ਼ਰੀ ਭਰੀ ਅਤੇ ਗੁਰੂ ਦਾ ਅਟੁੱਟ ਲੰਗਰ ਵਰਤਾਇਆ ਗਿਆ ਪ੍ਰਬੰਧਕ ਕਮੇਟੀ ਵੱਲੋਂ ਸਮੂਹ ਸੇਵਾਦਾਰਾਂ ਦਾ ਧੰਨਵਾਦ ਕੀਤਾ ਗਿਆ ਅਤੇ ਸੰਗਤਾਂ ਨੂੰ ਸਿਰੋਪਾਓ ਭੇਟ ਕਰਕੇ ਸਨਮਾਨਿਤ ਕੀਤਾ ਗਿਆ
ਹੁਸ਼ਿਆਰਪੁਰ, 12 ਅਕਤੂਬਰ (ਗੁਰਵਿੰਦਰ ਸਿੰਘ ਪਲਾਹਾ) - ਸੰਤ ਬਾਬਾ ਸਿੰਘ ਉੱਨਾ ਸਾਹਿਬ ਵਾਲੇ ਸਿੱਖ ਵੈਲਫੇਅਰ ਸੁਸਾਇਟੀ ਹੁਸ਼ਿਆਰਪੁਰ ਵੱਲੋਂ ਸਮੂਹ ਸੰਗਤਾਂ ਦੇ ਸਹਿਯੋਗ ਨਾਲ ਸ੍ਰੀ ਗੁਰੂ ਗ੍ਰੰਥ ਸਾਹਿਬ ਜੀ ਦੇ ਪ੍ਰਕਾਸ਼ ਪੁਰਬ ਨੂੰ ਸਮਰਪਿਤ 35ਵਾਂ ਅੰਤਰਰਾਸ਼ਟਰੀ ਮਹਾਨ ਕੀਰਤਨ ਦਰਬਾਰ ਵਿਸ਼ਵ ਦੇ ਮੰਨੇ ਪ੍ਰਮੰਨੇ ਰਾਗੀ ਢਾਡੀ ਕਥਾਵਾਚਕ ਅਤੇ ਪ੍ਰਚਾਰਕਾਂ ਵੱਲੋਂ ਸੰਗਤਾਂ ਨੂੰ ਗੁਰਬਾਣੀ ਕੀਰਤਨ ਰਾਹੀਂ ਨਿਹਾਲ ਕੀਤਾ ਗਿਆ ਇਸ ਮੌਕੇ ਵੱਡੀ ਗਿਣਤੀ ਵਿੱਚ ਸੰਗਤਾਂ ਨੇ ਹਾਜ਼ਰੀ ਭਰੀ ਅਤੇ ਗੁਰੂ ਦਾ ਅਟੁੱਟ ਲੰਗਰ ਵਰਤਾਇਆ ਗਿਆ ਪ੍ਰਬੰਧਕ ਕਮੇਟੀ ਵੱਲੋਂ ਸਮੂਹ ਸੇਵਾਦਾਰਾਂ ਦਾ ਧੰਨਵਾਦ ਕੀਤਾ ਗਿਆ ਅਤੇ ਸੰਗਤਾਂ ਨੂੰ ਸਿਰੋਪਾਓ ਭੇਟ ਕਰਕੇ ਸਨਮਾਨਿਤ ਕੀਤਾ ਗਿਆ
ਹੁਸ਼ਿਆਰਪੁਰ, 12 ਅਕਤੂਬਰ (ਗੁਰਵਿੰਦਰ ਸਿੰਘ ਪਲਾਹਾ) - ਸੰਤ ਬਾਬਾ ਸਿੰਘ ਉੱਨਾ ਸਾਹਿਬ ਵਾਲੇ ਸਿੱਖ ਵੈਲਫੇਅਰ ਸੁਸਾਇਟੀ ਹੁਸ਼ਿਆਰਪੁਰ ਵੱਲੋਂ ਸਮੂਹ ਸੰਗਤਾਂ ਦੇ ਸਹਿਯੋਗ ਨਾਲ ਸ੍ਰੀ ਗੁਰੂ ਗ੍ਰੰਥ ਸਾਹਿਬ ਜੀ ਦੇ ਪ੍ਰਕਾਸ਼ ਪੁਰਬ ਨੂੰ ਸਮਰਪਿਤ 35ਵਾਂ ਅੰਤਰਰਾਸ਼ਟਰੀ ਮਹਾਨ ਕੀਰਤਨ ਦਰਬਾਰ ਵਿਸ਼ਵ ਦੇ ਮੰਨੇ ਪ੍ਰਮੰਨੇ ਰਾਗੀ ਢਾਡੀ ਕਥਾਵਾਚਕ ਅਤੇ ਪ੍ਰਚਾਰਕਾਂ ਵੱਲੋਂ ਸੰਗਤਾਂ ਨੂੰ ਗੁਰਬਾਣੀ ਕੀਰਤਨ ਰਾਹੀਂ ਨਿਹਾਲ ਕੀਤਾ ਗਿਆ ਇਸ ਮੌਕੇ ਵੱਡੀ ਗਿਣਤੀ ਵਿੱਚ ਸੰਗਤਾਂ ਨੇ ਹਾਜ਼ਰੀ ਭਰੀ ਅਤੇ ਗੁਰੂ ਦਾ ਅਟੁੱਟ ਲੰਗਰ ਵਰਤਾਇਆ ਗਿਆ ਪ੍ਰਬੰਧਕ ਕਮੇਟੀ ਵੱਲੋਂ ਸਮੂਹ ਸੇਵਾਦਾਰਾਂ ਦਾ ਧੰਨਵਾਦ ਕੀਤਾ ਗਿਆ ਅਤੇ ਸੰਗਤਾਂ ਨੂੰ ਸਿਰੋਪਾਓ ਭੇਟ ਕਰਕੇ ਸਨਮਾਨਿਤ ਕੀਤਾ ਗਿਆ
ਵਧਾਈਆਂ ਮੁਬਾਰਕ	ਜਨਮ ਦਿਨ ਮੁਬਾਰਕ
